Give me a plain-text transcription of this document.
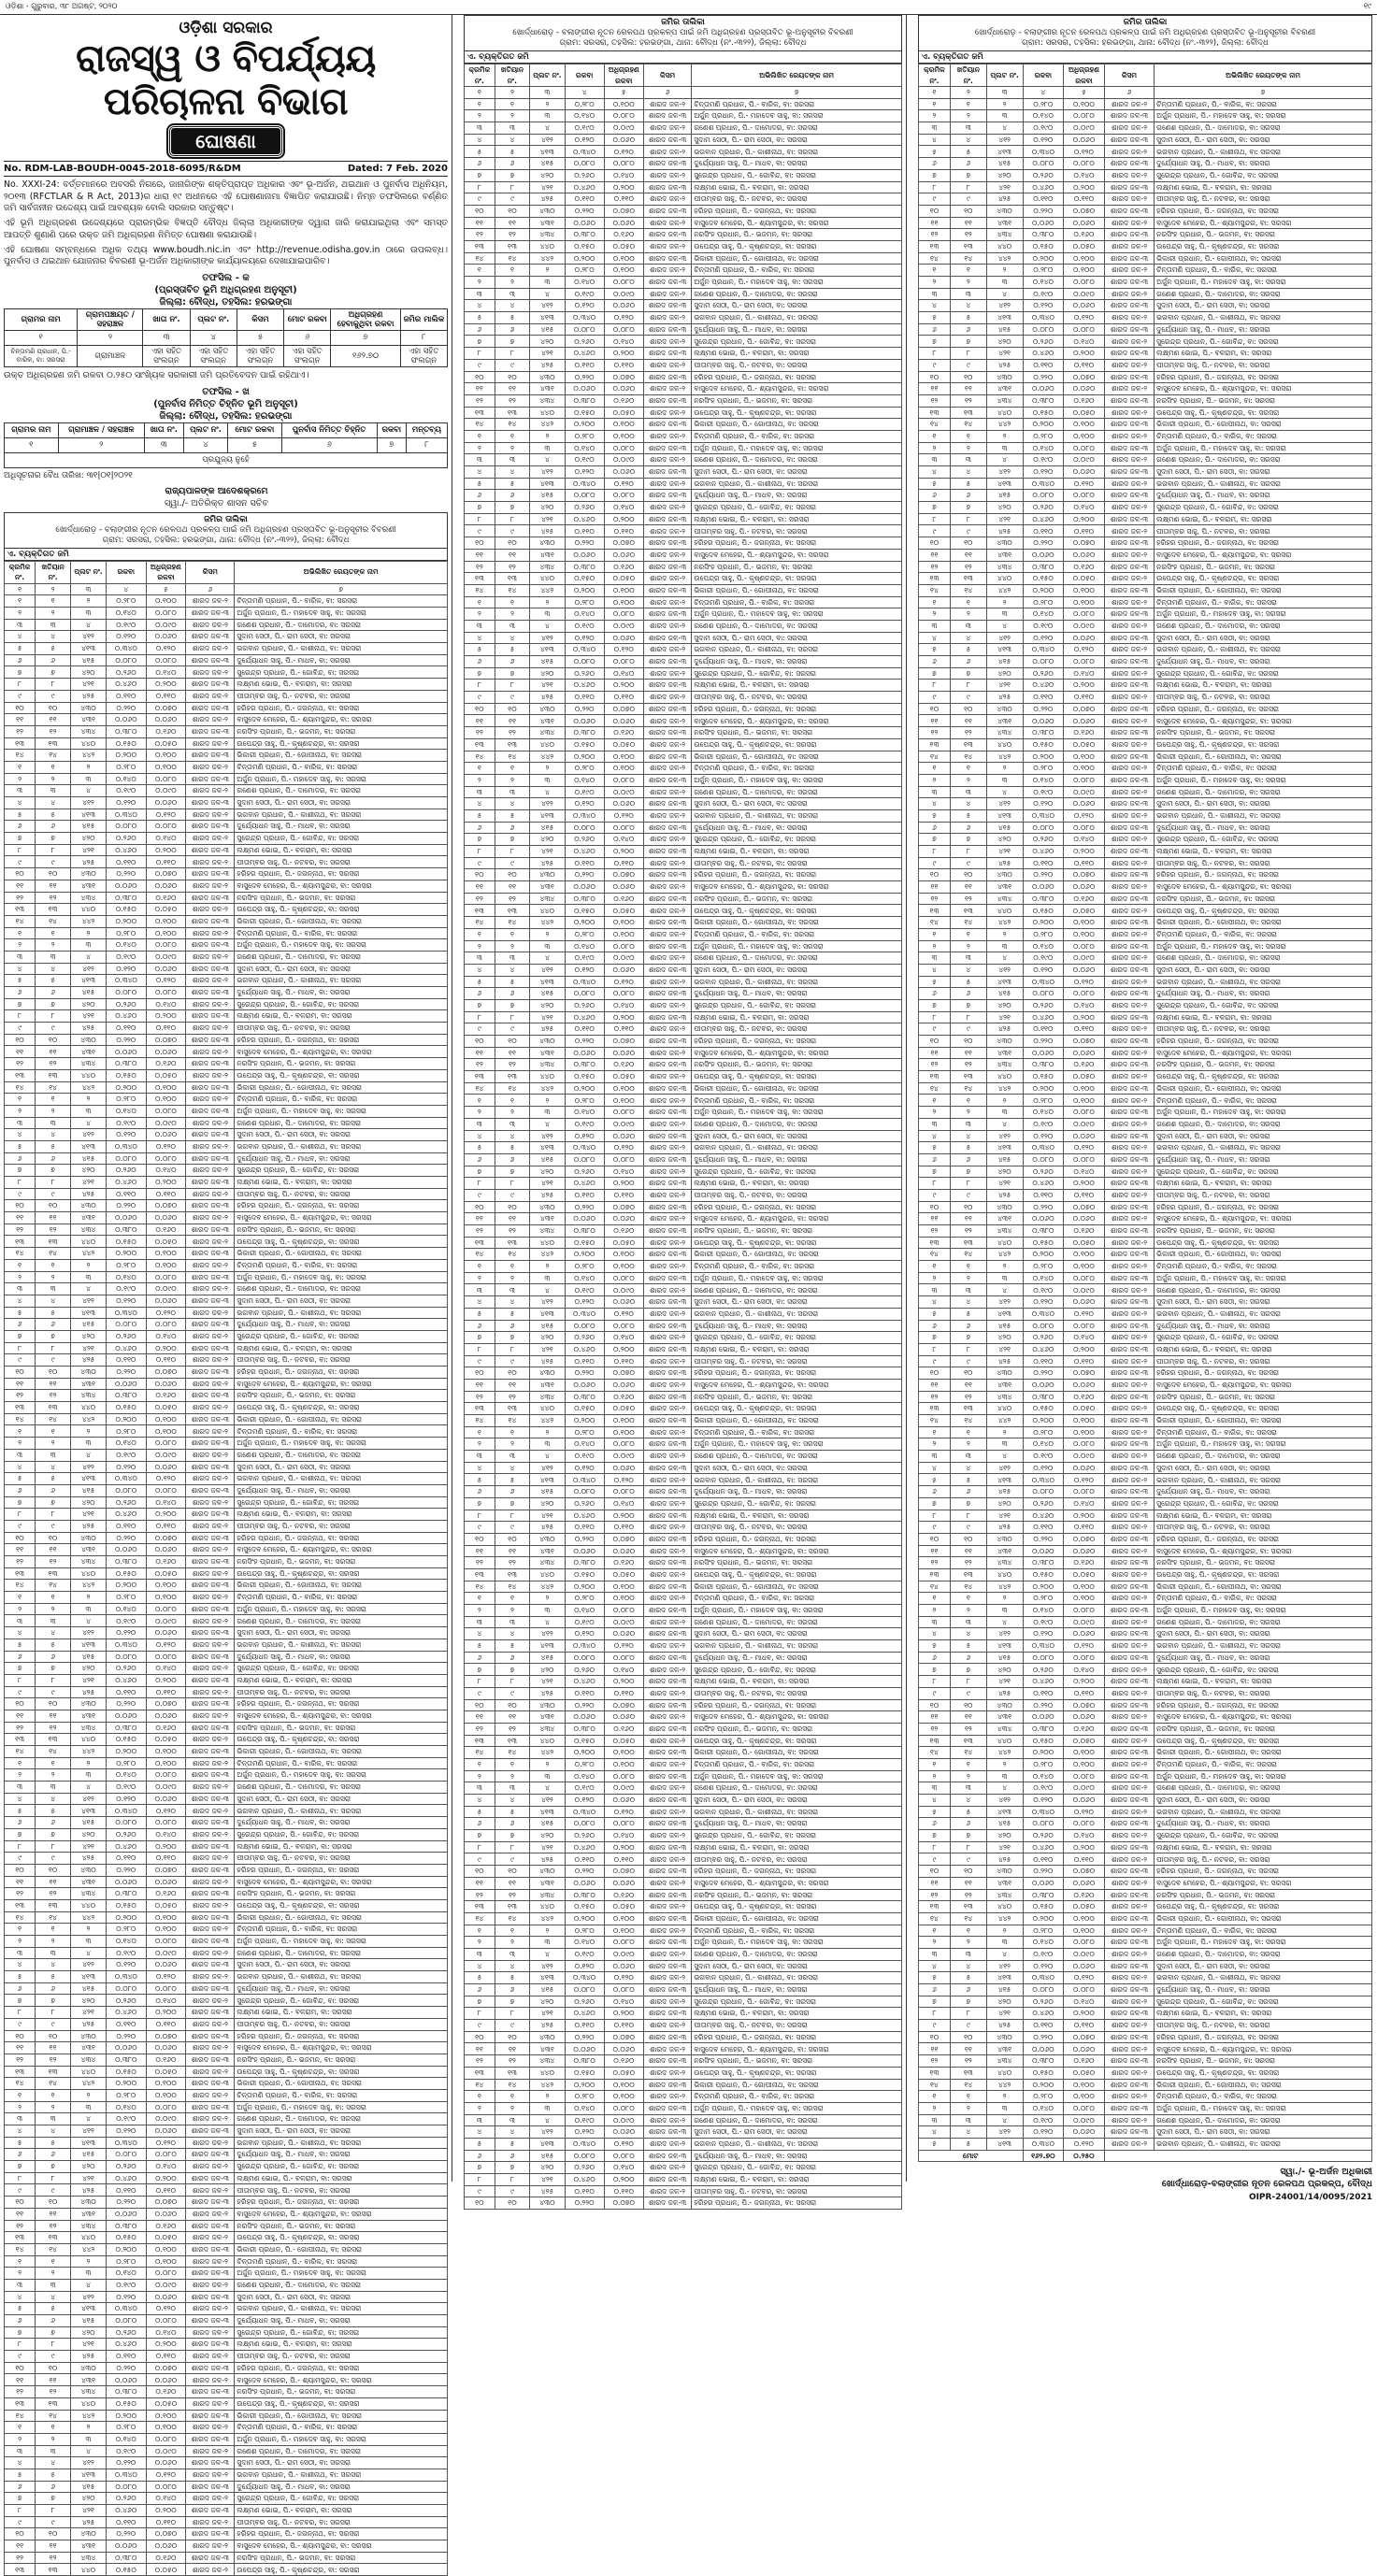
ଓଡ଼ିଶା - ଗୁରୁବାର, ୩୮ ଅଗଷ୍ଟ, ୨୦୨୦	୧୯
ଓଡ଼ିଶା ସରକାର
ରାଜସ୍ୱ ଓ ବିପର୍ଯ୍ୟୟ ପରିଚାଳନା ବିଭାଗ
ଘୋଷଣା
No. RDM-LAB-BOUDH-0045-2018-6095/R&DM	Dated: 7 Feb. 2020
No. XXXI-24: ବର୍ତ୍ତମାନରେ ଅବସରି ନିଗରେ, ଜାନାଗିଙ୍କ ଶକ୍ତିପ୍ରାପ୍ତ ଅଧିକାର ଏବଂ ଭୂ-ଅର୍ଜନ, ଥଇଥାନ ଓ ପୁନର୍ବାସ ଅଧିନିୟମ, ୨୦୧୩ (RFCTLAR & R Act, 2013)ର ଧାରା ୧୯ ଅଧୀନରେ ଏହି ଘୋଷଣାନାମା ବିଜ୍ଞାପିତ କରାଯାଉଛି। ନିମ୍ନ ତଫସିଲରେ ବର୍ଣ୍ଣିତ ଜମି ସାର୍ବଜନୀନ ଉଦ୍ଦେଶ୍ୟ ପାଇଁ ଆବଶ୍ୟକ ବୋଲି ସରକାର ସନ୍ତୁଷ୍ଟ।
ଏହି ଭୂମି ଅଧିଗ୍ରହଣ ଉଦ୍ଦେଶ୍ୟରେ ପ୍ରାରମ୍ଭିକ ବିଜ୍ଞପ୍ତି ବୌଦ୍ଧ ଜିଲ୍ଲା ଅଧିକାରୀଙ୍କ ଦ୍ୱାରା ଜାରି କରାଯାଇଥିଲା ଏବଂ ସମସ୍ତ ଆପତ୍ତି ଶୁଣାଣି ପରେ ଉକ୍ତ ଜମି ଅଧିଗ୍ରହଣ ନିମିତ୍ତ ଘୋଷଣା କରାଯାଉଛି।
ଏହି ଘୋଷଣା ସମ୍ବନ୍ଧରେ ଅଧିକ ତଥ୍ୟ www.boudh.nic.in ଏବଂ http://revenue.odisha.gov.in ଠାରେ ଉପଲବ୍ଧ। ପୁନର୍ବାସ ଓ ଥଇଥାନ ଯୋଜନାର ବିବରଣୀ ଭୂ-ଅର୍ଜନ ଅଧିକାରୀଙ୍କ କାର୍ଯ୍ୟାଳୟରେ ଦେଖାଯାଇପାରିବ।
ତଫସିଲ - କ
(ପ୍ରସ୍ତାବିତ ଭୂମି ଅଧିଗ୍ରହଣ ଅନୁସୂଚୀ)
ଜିଲ୍ଲା: ବୌଦ୍ଧ, ତହସିଲ: ହରଭଙ୍ଗା
ଗ୍ରାମର ନାମ	ଗ୍ରାମପଞ୍ଚାୟତ / ସହରାଞ୍ଚଳ	ଖାତା ନଂ.	ପ୍ଲଟ ନଂ.	କିସମ	ମୋଟ ରକବା	ଅଧିଗ୍ରହଣ ହେବାକୁଥିବା ରକବା	ଜମିର ମାଲିକ
୧	୨	୩	୪	୫	୬	୭	୮
ଚିନ୍ତାମଣି ପ୍ରଧାନ, ପି.- ବାରିକ, ବା: ସରସରା	ଗ୍ରାମାଞ୍ଚଳ	ଏହା ସହିତ ସଂଲଗ୍ନ	ଏହା ସହିତ ସଂଲଗ୍ନ	ଏହା ସହିତ ସଂଲଗ୍ନ	ଏହା ସହିତ ସଂଲଗ୍ନ	୧୬୨.୭୦	ଏହା ସହିତ ସଂଲଗ୍ନ
ଉକ୍ତ ଅଧିଗ୍ରହଣ ଜମି ରକବା ୦.୨୫୦ ସାଂଖ୍ୟିକ ସରକାରୀ ଜମି ପ୍ରତିବେଦନ ପାଇଁ ରହିଥାଏ।
ତଫସିଲ - ଖ
(ପୁନର୍ବାସ ନିମିତ୍ତ ଚିହ୍ନିତ ଭୂମି ଅନୁସୂଚୀ)
ଜିଲ୍ଲା: ବୌଦ୍ଧ, ତହସିଲ: ହରଭଙ୍ଗା
ଗ୍ରାମର ନାମ	ଗ୍ରାମାଞ୍ଚଳ / ସହରାଞ୍ଚଳ	ଖାତା ନଂ.	ପ୍ଲଟ ନଂ.	ମୋଟ ରକବା	ପୁନର୍ବାସ ନିମିତ୍ତ ଚିହ୍ନିତ	ରକବା	ମନ୍ତବ୍ୟ
୧	୨	୩	୪	୫	୬	୭	୮
ପ୍ରଯୁଜ୍ୟ ନୁହେଁ							
ଅଧିସୂଚନାର ବୈଧ ତାରିଖ: ୩୧|୦୧|୨୦୨୧
ରାଜ୍ୟପାଳଙ୍କ ଆଦେଶକ୍ରମେ
ସ୍ୱା./- ଅତିରିକ୍ତ ଶାସନ ସଚିବ
ଜମିର ତାଲିକା
ଖୋର୍ଦ୍ଧାରୋଡ଼ - ବଲାଙ୍ଗୀର ନୂତନ ରେଳପଥ ପ୍ରକଳ୍ପ ପାଇଁ ଜମି ଅଧିଗ୍ରହଣ ପ୍ରସ୍ତାବିତ ଭୂ-ଅନୁସୂଚୀର ବିବରଣୀ
ଗ୍ରାମ: ସରସରା, ତହସିଲ: ହରଭଙ୍ଗା, ଥାନା: ବୌଦ୍ଧ (ନଂ.-୩୨୨), ଜିଲ୍ଲା: ବୌଦ୍ଧ
ଏ. ବ୍ୟକ୍ତିଗତ ଜମି
କ୍ରମିକ ନଂ.	ଖତିୟାନ ନଂ.	ପ୍ଲଟ ନଂ.	ରକବା	ଅଧିଗ୍ରହଣ ରକବା	କିସମ	ଅଭିଲିଖିତ ରେୟତଙ୍କ ନାମ
୧	୨	୩	୪	୫	୬	୭
୧	୧	୨	୦.୨୮୦	୦.୧୦୦	ଶାରଦ ଜଳ-୨	ଚିନ୍ତାମଣି ପ୍ରଧାନ, ପି.- ବାରିକ, ବା: ସରସରା
୨	୨	୩	୦.୧୪୦	୦.୦୮୦	ଶାରଦ ଜଳ-୩	ଅର୍ଜୁନ ପ୍ରଧାନ, ପି.- ମହାଦେବ ସାହୁ, ବା: ସରସରା
୩	୩	୪	୦.୧୯୦	୦.୦୯୦	ଶାରଦ ଜଳ-୨	ଗଣେଶ ପ୍ରଧାନ, ପି.- ଦାମୋଦର, ବା: ସରସରା
୪	୪	୪୧୨	୦.୧୨୦	୦.୦୬୦	ଶାରଦ ଜଳ-୩	ସୁଦାମ ସେଠୀ, ପି.- ରାମ ସେଠୀ, ବା: ସରସରା
୫	୫	୪୧୩	୦.୩୪୦	୦.୧୨୦	ଶାରଦ ଜଳ-୨	ଭଗବାନ ପ୍ରଧାନ, ପି.- କାଶୀନାଥ, ବା: ସରସରା
୬	୬	୪୧୫	୦.୦୮୦	୦.୦୮୦	ଶାରଦ ଜଳ-୩	ଦୁର୍ଯ୍ୟୋଧନ ସାହୁ, ପି.- ମାଧବ, ବା: ସରସରା
୭	୭	୪୨୦	୦.୨୬୦	୦.୧୪୦	ଶାରଦ ଜଳ-୨	ସୁରେନ୍ଦ୍ର ପ୍ରଧାନ, ପି.- ଗୋବିନ୍ଦ, ବା: ସରସରା
୮	୮	୪୨୧	୦.୪୬୦	୦.୨୦୦	ଶାରଦ ଜଳ-୩	ଲକ୍ଷ୍ମଣ ଭୋଇ, ପି.- ବଳରାମ, ବା: ସରସରା
୯	୯	୪୨୫	୦.୧୧୦	୦.୧୧୦	ଶାରଦ ଜଳ-୨	ପୀତାମ୍ବର ସାହୁ, ପି.- ନଟବର, ବା: ସରସରା
୧୦	୧୦	୪୩୦	୦.୨୨୦	୦.୦୭୦	ଶାରଦ ଜଳ-୩	ହରିହର ପ୍ରଧାନ, ପି.- ଜଗନ୍ନାଥ, ବା: ସରସରା
୧୧	୧୧	୪୩୧	୦.୦୬୦	୦.୦୬୦	ଶାରଦ ଜଳ-୨	ବାସୁଦେବ ମେହେର, ପି.- ଶ୍ୟାମସୁନ୍ଦର, ବା: ସରସରା
୧୨	୧୨	୪୩୪	୦.୩୮୦	୦.୧୬୦	ଶାରଦ ଜଳ-୩	ନରସିଂହ ପ୍ରଧାନ, ପି.- ଭଜମନ, ବା: ସରସରା
୧୩	୧୩	୪୪୦	୦.୧୫୦	୦.୦୫୦	ଶାରଦ ଜଳ-୨	ଉପେନ୍ଦ୍ର ସାହୁ, ପି.- କୃଷ୍ଣଚନ୍ଦ୍ର, ବା: ସରସରା
୧୪	୧୪	୪୪୨	୦.୨୦୦	୦.୧୦୦	ଶାରଦ ଜଳ-୩	ଭିକାରୀ ପ୍ରଧାନ, ପି.- ଗୋପୀନାଥ, ବା: ସରସରା
୧	୧	୨	୦.୨୮୦	୦.୧୦୦	ଶାରଦ ଜଳ-୨	ଚିନ୍ତାମଣି ପ୍ରଧାନ, ପି.- ବାରିକ, ବା: ସରସରା
୨	୨	୩	୦.୧୪୦	୦.୦୮୦	ଶାରଦ ଜଳ-୩	ଅର୍ଜୁନ ପ୍ରଧାନ, ପି.- ମହାଦେବ ସାହୁ, ବା: ସରସରା
୩	୩	୪	୦.୧୯୦	୦.୦୯୦	ଶାରଦ ଜଳ-୨	ଗଣେଶ ପ୍ରଧାନ, ପି.- ଦାମୋଦର, ବା: ସରସରା
୪	୪	୪୧୨	୦.୧୨୦	୦.୦୬୦	ଶାରଦ ଜଳ-୩	ସୁଦାମ ସେଠୀ, ପି.- ରାମ ସେଠୀ, ବା: ସରସରା
୫	୫	୪୧୩	୦.୩୪୦	୦.୧୨୦	ଶାରଦ ଜଳ-୨	ଭଗବାନ ପ୍ରଧାନ, ପି.- କାଶୀନାଥ, ବା: ସରସରା
୬	୬	୪୧୫	୦.୦୮୦	୦.୦୮୦	ଶାରଦ ଜଳ-୩	ଦୁର୍ଯ୍ୟୋଧନ ସାହୁ, ପି.- ମାଧବ, ବା: ସରସରା
୭	୭	୪୨୦	୦.୨୬୦	୦.୧୪୦	ଶାରଦ ଜଳ-୨	ସୁରେନ୍ଦ୍ର ପ୍ରଧାନ, ପି.- ଗୋବିନ୍ଦ, ବା: ସରସରା
୮	୮	୪୨୧	୦.୪୬୦	୦.୨୦୦	ଶାରଦ ଜଳ-୩	ଲକ୍ଷ୍ମଣ ଭୋଇ, ପି.- ବଳରାମ, ବା: ସରସରା
୯	୯	୪୨୫	୦.୧୧୦	୦.୧୧୦	ଶାରଦ ଜଳ-୨	ପୀତାମ୍ବର ସାହୁ, ପି.- ନଟବର, ବା: ସରସରା
୧୦	୧୦	୪୩୦	୦.୨୨୦	୦.୦୭୦	ଶାରଦ ଜଳ-୩	ହରିହର ପ୍ରଧାନ, ପି.- ଜଗନ୍ନାଥ, ବା: ସରସରା
୧୧	୧୧	୪୩୧	୦.୦୬୦	୦.୦୬୦	ଶାରଦ ଜଳ-୨	ବାସୁଦେବ ମେହେର, ପି.- ଶ୍ୟାମସୁନ୍ଦର, ବା: ସରସରା
୧୨	୧୨	୪୩୪	୦.୩୮୦	୦.୧୬୦	ଶାରଦ ଜଳ-୩	ନରସିଂହ ପ୍ରଧାନ, ପି.- ଭଜମନ, ବା: ସରସରା
୧୩	୧୩	୪୪୦	୦.୧୫୦	୦.୦୫୦	ଶାରଦ ଜଳ-୨	ଉପେନ୍ଦ୍ର ସାହୁ, ପି.- କୃଷ୍ଣଚନ୍ଦ୍ର, ବା: ସରସରା
୧୪	୧୪	୪୪୨	୦.୨୦୦	୦.୧୦୦	ଶାରଦ ଜଳ-୩	ଭିକାରୀ ପ୍ରଧାନ, ପି.- ଗୋପୀନାଥ, ବା: ସରସରା
୧	୧	୨	୦.୨୮୦	୦.୧୦୦	ଶାରଦ ଜଳ-୨	ଚିନ୍ତାମଣି ପ୍ରଧାନ, ପି.- ବାରିକ, ବା: ସରସରା
୨	୨	୩	୦.୧୪୦	୦.୦୮୦	ଶାରଦ ଜଳ-୩	ଅର୍ଜୁନ ପ୍ରଧାନ, ପି.- ମହାଦେବ ସାହୁ, ବା: ସରସରା
୩	୩	୪	୦.୧୯୦	୦.୦୯୦	ଶାରଦ ଜଳ-୨	ଗଣେଶ ପ୍ରଧାନ, ପି.- ଦାମୋଦର, ବା: ସରସରା
୪	୪	୪୧୨	୦.୧୨୦	୦.୦୬୦	ଶାରଦ ଜଳ-୩	ସୁଦାମ ସେଠୀ, ପି.- ରାମ ସେଠୀ, ବା: ସରସରା
୫	୫	୪୧୩	୦.୩୪୦	୦.୧୨୦	ଶାରଦ ଜଳ-୨	ଭଗବାନ ପ୍ରଧାନ, ପି.- କାଶୀନାଥ, ବା: ସରସରା
୬	୬	୪୧୫	୦.୦୮୦	୦.୦୮୦	ଶାରଦ ଜଳ-୩	ଦୁର୍ଯ୍ୟୋଧନ ସାହୁ, ପି.- ମାଧବ, ବା: ସରସରା
୭	୭	୪୨୦	୦.୨୬୦	୦.୧୪୦	ଶାରଦ ଜଳ-୨	ସୁରେନ୍ଦ୍ର ପ୍ରଧାନ, ପି.- ଗୋବିନ୍ଦ, ବା: ସରସରା
୮	୮	୪୨୧	୦.୪୬୦	୦.୨୦୦	ଶାରଦ ଜଳ-୩	ଲକ୍ଷ୍ମଣ ଭୋଇ, ପି.- ବଳରାମ, ବା: ସରସରା
୯	୯	୪୨୫	୦.୧୧୦	୦.୧୧୦	ଶାରଦ ଜଳ-୨	ପୀତାମ୍ବର ସାହୁ, ପି.- ନଟବର, ବା: ସରସରା
୧୦	୧୦	୪୩୦	୦.୨୨୦	୦.୦୭୦	ଶାରଦ ଜଳ-୩	ହରିହର ପ୍ରଧାନ, ପି.- ଜଗନ୍ନାଥ, ବା: ସରସରା
୧୧	୧୧	୪୩୧	୦.୦୬୦	୦.୦୬୦	ଶାରଦ ଜଳ-୨	ବାସୁଦେବ ମେହେର, ପି.- ଶ୍ୟାମସୁନ୍ଦର, ବା: ସରସରା
୧୨	୧୨	୪୩୪	୦.୩୮୦	୦.୧୬୦	ଶାରଦ ଜଳ-୩	ନରସିଂହ ପ୍ରଧାନ, ପି.- ଭଜମନ, ବା: ସରସରା
୧୩	୧୩	୪୪୦	୦.୧୫୦	୦.୦୫୦	ଶାରଦ ଜଳ-୨	ଉପେନ୍ଦ୍ର ସାହୁ, ପି.- କୃଷ୍ଣଚନ୍ଦ୍ର, ବା: ସରସରା
୧୪	୧୪	୪୪୨	୦.୨୦୦	୦.୧୦୦	ଶାରଦ ଜଳ-୩	ଭିକାରୀ ପ୍ରଧାନ, ପି.- ଗୋପୀନାଥ, ବା: ସରସରା
୧	୧	୨	୦.୨୮୦	୦.୧୦୦	ଶାରଦ ଜଳ-୨	ଚିନ୍ତାମଣି ପ୍ରଧାନ, ପି.- ବାରିକ, ବା: ସରସରା
୨	୨	୩	୦.୧୪୦	୦.୦୮୦	ଶାରଦ ଜଳ-୩	ଅର୍ଜୁନ ପ୍ରଧାନ, ପି.- ମହାଦେବ ସାହୁ, ବା: ସରସରା
୩	୩	୪	୦.୧୯୦	୦.୦୯୦	ଶାରଦ ଜଳ-୨	ଗଣେଶ ପ୍ରଧାନ, ପି.- ଦାମୋଦର, ବା: ସରସରା
୪	୪	୪୧୨	୦.୧୨୦	୦.୦୬୦	ଶାରଦ ଜଳ-୩	ସୁଦାମ ସେଠୀ, ପି.- ରାମ ସେଠୀ, ବା: ସରସରା
୫	୫	୪୧୩	୦.୩୪୦	୦.୧୨୦	ଶାରଦ ଜଳ-୨	ଭଗବାନ ପ୍ରଧାନ, ପି.- କାଶୀନାଥ, ବା: ସରସରା
୬	୬	୪୧୫	୦.୦୮୦	୦.୦୮୦	ଶାରଦ ଜଳ-୩	ଦୁର୍ଯ୍ୟୋଧନ ସାହୁ, ପି.- ମାଧବ, ବା: ସରସରା
୭	୭	୪୨୦	୦.୨୬୦	୦.୧୪୦	ଶାରଦ ଜଳ-୨	ସୁରେନ୍ଦ୍ର ପ୍ରଧାନ, ପି.- ଗୋବିନ୍ଦ, ବା: ସରସରା
୮	୮	୪୨୧	୦.୪୬୦	୦.୨୦୦	ଶାରଦ ଜଳ-୩	ଲକ୍ଷ୍ମଣ ଭୋଇ, ପି.- ବଳରାମ, ବା: ସରସରା
୯	୯	୪୨୫	୦.୧୧୦	୦.୧୧୦	ଶାରଦ ଜଳ-୨	ପୀତାମ୍ବର ସାହୁ, ପି.- ନଟବର, ବା: ସରସରା
୧୦	୧୦	୪୩୦	୦.୨୨୦	୦.୦୭୦	ଶାରଦ ଜଳ-୩	ହରିହର ପ୍ରଧାନ, ପି.- ଜଗନ୍ନାଥ, ବା: ସରସରା
୧୧	୧୧	୪୩୧	୦.୦୬୦	୦.୦୬୦	ଶାରଦ ଜଳ-୨	ବାସୁଦେବ ମେହେର, ପି.- ଶ୍ୟାମସୁନ୍ଦର, ବା: ସରସରା
୧୨	୧୨	୪୩୪	୦.୩୮୦	୦.୧୬୦	ଶାରଦ ଜଳ-୩	ନରସିଂହ ପ୍ରଧାନ, ପି.- ଭଜମନ, ବା: ସରସରା
୧୩	୧୩	୪୪୦	୦.୧୫୦	୦.୦୫୦	ଶାରଦ ଜଳ-୨	ଉପେନ୍ଦ୍ର ସାହୁ, ପି.- କୃଷ୍ଣଚନ୍ଦ୍ର, ବା: ସରସରା
୧୪	୧୪	୪୪୨	୦.୨୦୦	୦.୧୦୦	ଶାରଦ ଜଳ-୩	ଭିକାରୀ ପ୍ରଧାନ, ପି.- ଗୋପୀନାଥ, ବା: ସରସରା
୧	୧	୨	୦.୨୮୦	୦.୧୦୦	ଶାରଦ ଜଳ-୨	ଚିନ୍ତାମଣି ପ୍ରଧାନ, ପି.- ବାରିକ, ବା: ସରସରା
୨	୨	୩	୦.୧୪୦	୦.୦୮୦	ଶାରଦ ଜଳ-୩	ଅର୍ଜୁନ ପ୍ରଧାନ, ପି.- ମହାଦେବ ସାହୁ, ବା: ସରସରା
୩	୩	୪	୦.୧୯୦	୦.୦୯୦	ଶାରଦ ଜଳ-୨	ଗଣେଶ ପ୍ରଧାନ, ପି.- ଦାମୋଦର, ବା: ସରସରା
୪	୪	୪୧୨	୦.୧୨୦	୦.୦୬୦	ଶାରଦ ଜଳ-୩	ସୁଦାମ ସେଠୀ, ପି.- ରାମ ସେଠୀ, ବା: ସରସରା
୫	୫	୪୧୩	୦.୩୪୦	୦.୧୨୦	ଶାରଦ ଜଳ-୨	ଭଗବାନ ପ୍ରଧାନ, ପି.- କାଶୀନାଥ, ବା: ସରସରା
୬	୬	୪୧୫	୦.୦୮୦	୦.୦୮୦	ଶାରଦ ଜଳ-୩	ଦୁର୍ଯ୍ୟୋଧନ ସାହୁ, ପି.- ମାଧବ, ବା: ସରସରା
୭	୭	୪୨୦	୦.୨୬୦	୦.୧୪୦	ଶାରଦ ଜଳ-୨	ସୁରେନ୍ଦ୍ର ପ୍ରଧାନ, ପି.- ଗୋବିନ୍ଦ, ବା: ସରସରା
୮	୮	୪୨୧	୦.୪୬୦	୦.୨୦୦	ଶାରଦ ଜଳ-୩	ଲକ୍ଷ୍ମଣ ଭୋଇ, ପି.- ବଳରାମ, ବା: ସରସରା
୯	୯	୪୨୫	୦.୧୧୦	୦.୧୧୦	ଶାରଦ ଜଳ-୨	ପୀତାମ୍ବର ସାହୁ, ପି.- ନଟବର, ବା: ସରସରା
୧୦	୧୦	୪୩୦	୦.୨୨୦	୦.୦୭୦	ଶାରଦ ଜଳ-୩	ହରିହର ପ୍ରଧାନ, ପି.- ଜଗନ୍ନାଥ, ବା: ସରସରା
୧୧	୧୧	୪୩୧	୦.୦୬୦	୦.୦୬୦	ଶାରଦ ଜଳ-୨	ବାସୁଦେବ ମେହେର, ପି.- ଶ୍ୟାମସୁନ୍ଦର, ବା: ସରସରା
୧୨	୧୨	୪୩୪	୦.୩୮୦	୦.୧୬୦	ଶାରଦ ଜଳ-୩	ନରସିଂହ ପ୍ରଧାନ, ପି.- ଭଜମନ, ବା: ସରସରା
୧୩	୧୩	୪୪୦	୦.୧୫୦	୦.୦୫୦	ଶାରଦ ଜଳ-୨	ଉପେନ୍ଦ୍ର ସାହୁ, ପି.- କୃଷ୍ଣଚନ୍ଦ୍ର, ବା: ସରସରା
୧୪	୧୪	୪୪୨	୦.୨୦୦	୦.୧୦୦	ଶାରଦ ଜଳ-୩	ଭିକାରୀ ପ୍ରଧାନ, ପି.- ଗୋପୀନାଥ, ବା: ସରସରା
୧	୧	୨	୦.୨୮୦	୦.୧୦୦	ଶାରଦ ଜଳ-୨	ଚିନ୍ତାମଣି ପ୍ରଧାନ, ପି.- ବାରିକ, ବା: ସରସରା
୨	୨	୩	୦.୧୪୦	୦.୦୮୦	ଶାରଦ ଜଳ-୩	ଅର୍ଜୁନ ପ୍ରଧାନ, ପି.- ମହାଦେବ ସାହୁ, ବା: ସରସରା
୩	୩	୪	୦.୧୯୦	୦.୦୯୦	ଶାରଦ ଜଳ-୨	ଗଣେଶ ପ୍ରଧାନ, ପି.- ଦାମୋଦର, ବା: ସରସରା
୪	୪	୪୧୨	୦.୧୨୦	୦.୦୬୦	ଶାରଦ ଜଳ-୩	ସୁଦାମ ସେଠୀ, ପି.- ରାମ ସେଠୀ, ବା: ସରସରା
୫	୫	୪୧୩	୦.୩୪୦	୦.୧୨୦	ଶାରଦ ଜଳ-୨	ଭଗବାନ ପ୍ରଧାନ, ପି.- କାଶୀନାଥ, ବା: ସରସରା
୬	୬	୪୧୫	୦.୦୮୦	୦.୦୮୦	ଶାରଦ ଜଳ-୩	ଦୁର୍ଯ୍ୟୋଧନ ସାହୁ, ପି.- ମାଧବ, ବା: ସରସରା
୭	୭	୪୨୦	୦.୨୬୦	୦.୧୪୦	ଶାରଦ ଜଳ-୨	ସୁରେନ୍ଦ୍ର ପ୍ରଧାନ, ପି.- ଗୋବିନ୍ଦ, ବା: ସରସରା
୮	୮	୪୨୧	୦.୪୬୦	୦.୨୦୦	ଶାରଦ ଜଳ-୩	ଲକ୍ଷ୍ମଣ ଭୋଇ, ପି.- ବଳରାମ, ବା: ସରସରା
୯	୯	୪୨୫	୦.୧୧୦	୦.୧୧୦	ଶାରଦ ଜଳ-୨	ପୀତାମ୍ବର ସାହୁ, ପି.- ନଟବର, ବା: ସରସରା
୧୦	୧୦	୪୩୦	୦.୨୨୦	୦.୦୭୦	ଶାରଦ ଜଳ-୩	ହରିହର ପ୍ରଧାନ, ପି.- ଜଗନ୍ନାଥ, ବା: ସରସରା
୧୧	୧୧	୪୩୧	୦.୦୬୦	୦.୦୬୦	ଶାରଦ ଜଳ-୨	ବାସୁଦେବ ମେହେର, ପି.- ଶ୍ୟାମସୁନ୍ଦର, ବା: ସରସରା
୧୨	୧୨	୪୩୪	୦.୩୮୦	୦.୧୬୦	ଶାରଦ ଜଳ-୩	ନରସିଂହ ପ୍ରଧାନ, ପି.- ଭଜମନ, ବା: ସରସରା
୧୩	୧୩	୪୪୦	୦.୧୫୦	୦.୦୫୦	ଶାରଦ ଜଳ-୨	ଉପେନ୍ଦ୍ର ସାହୁ, ପି.- କୃଷ୍ଣଚନ୍ଦ୍ର, ବା: ସରସରା
୧୪	୧୪	୪୪୨	୦.୨୦୦	୦.୧୦୦	ଶାରଦ ଜଳ-୩	ଭିକାରୀ ପ୍ରଧାନ, ପି.- ଗୋପୀନାଥ, ବା: ସରସରା
୧	୧	୨	୦.୨୮୦	୦.୧୦୦	ଶାରଦ ଜଳ-୨	ଚିନ୍ତାମଣି ପ୍ରଧାନ, ପି.- ବାରିକ, ବା: ସରସରା
୨	୨	୩	୦.୧୪୦	୦.୦୮୦	ଶାରଦ ଜଳ-୩	ଅର୍ଜୁନ ପ୍ରଧାନ, ପି.- ମହାଦେବ ସାହୁ, ବା: ସରସରା
୩	୩	୪	୦.୧୯୦	୦.୦୯୦	ଶାରଦ ଜଳ-୨	ଗଣେଶ ପ୍ରଧାନ, ପି.- ଦାମୋଦର, ବା: ସରସରା
୪	୪	୪୧୨	୦.୧୨୦	୦.୦୬୦	ଶାରଦ ଜଳ-୩	ସୁଦାମ ସେଠୀ, ପି.- ରାମ ସେଠୀ, ବା: ସରସରା
୫	୫	୪୧୩	୦.୩୪୦	୦.୧୨୦	ଶାରଦ ଜଳ-୨	ଭଗବାନ ପ୍ରଧାନ, ପି.- କାଶୀନାଥ, ବା: ସରସରା
୬	୬	୪୧୫	୦.୦୮୦	୦.୦୮୦	ଶାରଦ ଜଳ-୩	ଦୁର୍ଯ୍ୟୋଧନ ସାହୁ, ପି.- ମାଧବ, ବା: ସରସରା
୭	୭	୪୨୦	୦.୨୬୦	୦.୧୪୦	ଶାରଦ ଜଳ-୨	ସୁରେନ୍ଦ୍ର ପ୍ରଧାନ, ପି.- ଗୋବିନ୍ଦ, ବା: ସରସରା
୮	୮	୪୨୧	୦.୪୬୦	୦.୨୦୦	ଶାରଦ ଜଳ-୩	ଲକ୍ଷ୍ମଣ ଭୋଇ, ପି.- ବଳରାମ, ବା: ସରସରା
୯	୯	୪୨୫	୦.୧୧୦	୦.୧୧୦	ଶାରଦ ଜଳ-୨	ପୀତାମ୍ବର ସାହୁ, ପି.- ନଟବର, ବା: ସରସରା
୧୦	୧୦	୪୩୦	୦.୨୨୦	୦.୦୭୦	ଶାରଦ ଜଳ-୩	ହରିହର ପ୍ରଧାନ, ପି.- ଜଗନ୍ନାଥ, ବା: ସରସରା
୧୧	୧୧	୪୩୧	୦.୦୬୦	୦.୦୬୦	ଶାରଦ ଜଳ-୨	ବାସୁଦେବ ମେହେର, ପି.- ଶ୍ୟାମସୁନ୍ଦର, ବା: ସରସରା
୧୨	୧୨	୪୩୪	୦.୩୮୦	୦.୧୬୦	ଶାରଦ ଜଳ-୩	ନରସିଂହ ପ୍ରଧାନ, ପି.- ଭଜମନ, ବା: ସରସରା
୧୩	୧୩	୪୪୦	୦.୧୫୦	୦.୦୫୦	ଶାରଦ ଜଳ-୨	ଉପେନ୍ଦ୍ର ସାହୁ, ପି.- କୃଷ୍ଣଚନ୍ଦ୍ର, ବା: ସରସରା
୧୪	୧୪	୪୪୨	୦.୨୦୦	୦.୧୦୦	ଶାରଦ ଜଳ-୩	ଭିକାରୀ ପ୍ରଧାନ, ପି.- ଗୋପୀନାଥ, ବା: ସରସରା
୧	୧	୨	୦.୨୮୦	୦.୧୦୦	ଶାରଦ ଜଳ-୨	ଚିନ୍ତାମଣି ପ୍ରଧାନ, ପି.- ବାରିକ, ବା: ସରସରା
୨	୨	୩	୦.୧୪୦	୦.୦୮୦	ଶାରଦ ଜଳ-୩	ଅର୍ଜୁନ ପ୍ରଧାନ, ପି.- ମହାଦେବ ସାହୁ, ବା: ସରସରା
୩	୩	୪	୦.୧୯୦	୦.୦୯୦	ଶାରଦ ଜଳ-୨	ଗଣେଶ ପ୍ରଧାନ, ପି.- ଦାମୋଦର, ବା: ସରସରା
୪	୪	୪୧୨	୦.୧୨୦	୦.୦୬୦	ଶାରଦ ଜଳ-୩	ସୁଦାମ ସେଠୀ, ପି.- ରାମ ସେଠୀ, ବା: ସରସରା
୫	୫	୪୧୩	୦.୩୪୦	୦.୧୨୦	ଶାରଦ ଜଳ-୨	ଭଗବାନ ପ୍ରଧାନ, ପି.- କାଶୀନାଥ, ବା: ସରସରା
୬	୬	୪୧୫	୦.୦୮୦	୦.୦୮୦	ଶାରଦ ଜଳ-୩	ଦୁର୍ଯ୍ୟୋଧନ ସାହୁ, ପି.- ମାଧବ, ବା: ସରସରା
୭	୭	୪୨୦	୦.୨୬୦	୦.୧୪୦	ଶାରଦ ଜଳ-୨	ସୁରେନ୍ଦ୍ର ପ୍ରଧାନ, ପି.- ଗୋବିନ୍ଦ, ବା: ସରସରା
୮	୮	୪୨୧	୦.୪୬୦	୦.୨୦୦	ଶାରଦ ଜଳ-୩	ଲକ୍ଷ୍ମଣ ଭୋଇ, ପି.- ବଳରାମ, ବା: ସରସରା
୯	୯	୪୨୫	୦.୧୧୦	୦.୧୧୦	ଶାରଦ ଜଳ-୨	ପୀତାମ୍ବର ସାହୁ, ପି.- ନଟବର, ବା: ସରସରା
୧୦	୧୦	୪୩୦	୦.୨୨୦	୦.୦୭୦	ଶାରଦ ଜଳ-୩	ହରିହର ପ୍ରଧାନ, ପି.- ଜଗନ୍ନାଥ, ବା: ସରସରା
୧୧	୧୧	୪୩୧	୦.୦୬୦	୦.୦୬୦	ଶାରଦ ଜଳ-୨	ବାସୁଦେବ ମେହେର, ପି.- ଶ୍ୟାମସୁନ୍ଦର, ବା: ସରସରା
୧୨	୧୨	୪୩୪	୦.୩୮୦	୦.୧୬୦	ଶାରଦ ଜଳ-୩	ନରସିଂହ ପ୍ରଧାନ, ପି.- ଭଜମନ, ବା: ସରସରା
୧୩	୧୩	୪୪୦	୦.୧୫୦	୦.୦୫୦	ଶାରଦ ଜଳ-୨	ଉପେନ୍ଦ୍ର ସାହୁ, ପି.- କୃଷ୍ଣଚନ୍ଦ୍ର, ବା: ସରସରା
୧୪	୧୪	୪୪୨	୦.୨୦୦	୦.୧୦୦	ଶାରଦ ଜଳ-୩	ଭିକାରୀ ପ୍ରଧାନ, ପି.- ଗୋପୀନାଥ, ବା: ସରସରା
୧	୧	୨	୦.୨୮୦	୦.୧୦୦	ଶାରଦ ଜଳ-୨	ଚିନ୍ତାମଣି ପ୍ରଧାନ, ପି.- ବାରିକ, ବା: ସରସରା
୨	୨	୩	୦.୧୪୦	୦.୦୮୦	ଶାରଦ ଜଳ-୩	ଅର୍ଜୁନ ପ୍ରଧାନ, ପି.- ମହାଦେବ ସାହୁ, ବା: ସରସରା
୩	୩	୪	୦.୧୯୦	୦.୦୯୦	ଶାରଦ ଜଳ-୨	ଗଣେଶ ପ୍ରଧାନ, ପି.- ଦାମୋଦର, ବା: ସରସରା
୪	୪	୪୧୨	୦.୧୨୦	୦.୦୬୦	ଶାରଦ ଜଳ-୩	ସୁଦାମ ସେଠୀ, ପି.- ରାମ ସେଠୀ, ବା: ସରସରା
୫	୫	୪୧୩	୦.୩୪୦	୦.୧୨୦	ଶାରଦ ଜଳ-୨	ଭଗବାନ ପ୍ରଧାନ, ପି.- କାଶୀନାଥ, ବା: ସରସରା
୬	୬	୪୧୫	୦.୦୮୦	୦.୦୮୦	ଶାରଦ ଜଳ-୩	ଦୁର୍ଯ୍ୟୋଧନ ସାହୁ, ପି.- ମାଧବ, ବା: ସରସରା
୭	୭	୪୨୦	୦.୨୬୦	୦.୧୪୦	ଶାରଦ ଜଳ-୨	ସୁରେନ୍ଦ୍ର ପ୍ରଧାନ, ପି.- ଗୋବିନ୍ଦ, ବା: ସରସରା
୮	୮	୪୨୧	୦.୪୬୦	୦.୨୦୦	ଶାରଦ ଜଳ-୩	ଲକ୍ଷ୍ମଣ ଭୋଇ, ପି.- ବଳରାମ, ବା: ସରସରା
୯	୯	୪୨୫	୦.୧୧୦	୦.୧୧୦	ଶାରଦ ଜଳ-୨	ପୀତାମ୍ବର ସାହୁ, ପି.- ନଟବର, ବା: ସରସରା
୧୦	୧୦	୪୩୦	୦.୨୨୦	୦.୦୭୦	ଶାରଦ ଜଳ-୩	ହରିହର ପ୍ରଧାନ, ପି.- ଜଗନ୍ନାଥ, ବା: ସରସରା
୧୧	୧୧	୪୩୧	୦.୦୬୦	୦.୦୬୦	ଶାରଦ ଜଳ-୨	ବାସୁଦେବ ମେହେର, ପି.- ଶ୍ୟାମସୁନ୍ଦର, ବା: ସରସରା
୧୨	୧୨	୪୩୪	୦.୩୮୦	୦.୧୬୦	ଶାରଦ ଜଳ-୩	ନରସିଂହ ପ୍ରଧାନ, ପି.- ଭଜମନ, ବା: ସରସରା
୧୩	୧୩	୪୪୦	୦.୧୫୦	୦.୦୫୦	ଶାରଦ ଜଳ-୨	ଉପେନ୍ଦ୍ର ସାହୁ, ପି.- କୃଷ୍ଣଚନ୍ଦ୍ର, ବା: ସରସରା
୧୪	୧୪	୪୪୨	୦.୨୦୦	୦.୧୦୦	ଶାରଦ ଜଳ-୩	ଭିକାରୀ ପ୍ରଧାନ, ପି.- ଗୋପୀନାଥ, ବା: ସରସରା
୧	୧	୨	୦.୨୮୦	୦.୧୦୦	ଶାରଦ ଜଳ-୨	ଚିନ୍ତାମଣି ପ୍ରଧାନ, ପି.- ବାରିକ, ବା: ସରସରା
୨	୨	୩	୦.୧୪୦	୦.୦୮୦	ଶାରଦ ଜଳ-୩	ଅର୍ଜୁନ ପ୍ରଧାନ, ପି.- ମହାଦେବ ସାହୁ, ବା: ସରସରା
୩	୩	୪	୦.୧୯୦	୦.୦୯୦	ଶାରଦ ଜଳ-୨	ଗଣେଶ ପ୍ରଧାନ, ପି.- ଦାମୋଦର, ବା: ସରସରା
୪	୪	୪୧୨	୦.୧୨୦	୦.୦୬୦	ଶାରଦ ଜଳ-୩	ସୁଦାମ ସେଠୀ, ପି.- ରାମ ସେଠୀ, ବା: ସରସରା
୫	୫	୪୧୩	୦.୩୪୦	୦.୧୨୦	ଶାରଦ ଜଳ-୨	ଭଗବାନ ପ୍ରଧାନ, ପି.- କାଶୀନାଥ, ବା: ସରସରା
୬	୬	୪୧୫	୦.୦୮୦	୦.୦୮୦	ଶାରଦ ଜଳ-୩	ଦୁର୍ଯ୍ୟୋଧନ ସାହୁ, ପି.- ମାଧବ, ବା: ସରସରା
୭	୭	୪୨୦	୦.୨୬୦	୦.୧୪୦	ଶାରଦ ଜଳ-୨	ସୁରେନ୍ଦ୍ର ପ୍ରଧାନ, ପି.- ଗୋବିନ୍ଦ, ବା: ସରସରା
୮	୮	୪୨୧	୦.୪୬୦	୦.୨୦୦	ଶାରଦ ଜଳ-୩	ଲକ୍ଷ୍ମଣ ଭୋଇ, ପି.- ବଳରାମ, ବା: ସରସରା
୯	୯	୪୨୫	୦.୧୧୦	୦.୧୧୦	ଶାରଦ ଜଳ-୨	ପୀତାମ୍ବର ସାହୁ, ପି.- ନଟବର, ବା: ସରସରା
୧୦	୧୦	୪୩୦	୦.୨୨୦	୦.୦୭୦	ଶାରଦ ଜଳ-୩	ହରିହର ପ୍ରଧାନ, ପି.- ଜଗନ୍ନାଥ, ବା: ସରସରା
୧୧	୧୧	୪୩୧	୦.୦୬୦	୦.୦୬୦	ଶାରଦ ଜଳ-୨	ବାସୁଦେବ ମେହେର, ପି.- ଶ୍ୟାମସୁନ୍ଦର, ବା: ସରସରା
୧୨	୧୨	୪୩୪	୦.୩୮୦	୦.୧୬୦	ଶାରଦ ଜଳ-୩	ନରସିଂହ ପ୍ରଧାନ, ପି.- ଭଜମନ, ବା: ସରସରା
୧୩	୧୩	୪୪୦	୦.୧୫୦	୦.୦୫୦	ଶାରଦ ଜଳ-୨	ଉପେନ୍ଦ୍ର ସାହୁ, ପି.- କୃଷ୍ଣଚନ୍ଦ୍ର, ବା: ସରସରା
୧୪	୧୪	୪୪୨	୦.୨୦୦	୦.୧୦୦	ଶାରଦ ଜଳ-୩	ଭିକାରୀ ପ୍ରଧାନ, ପି.- ଗୋପୀନାଥ, ବା: ସରସରା
୧	୧	୨	୦.୨୮୦	୦.୧୦୦	ଶାରଦ ଜଳ-୨	ଚିନ୍ତାମଣି ପ୍ରଧାନ, ପି.- ବାରିକ, ବା: ସରସରା
୨	୨	୩	୦.୧୪୦	୦.୦୮୦	ଶାରଦ ଜଳ-୩	ଅର୍ଜୁନ ପ୍ରଧାନ, ପି.- ମହାଦେବ ସାହୁ, ବା: ସରସରା
୩	୩	୪	୦.୧୯୦	୦.୦୯୦	ଶାରଦ ଜଳ-୨	ଗଣେଶ ପ୍ରଧାନ, ପି.- ଦାମୋଦର, ବା: ସରସରା
୪	୪	୪୧୨	୦.୧୨୦	୦.୦୬୦	ଶାରଦ ଜଳ-୩	ସୁଦାମ ସେଠୀ, ପି.- ରାମ ସେଠୀ, ବା: ସରସରା
୫	୫	୪୧୩	୦.୩୪୦	୦.୧୨୦	ଶାରଦ ଜଳ-୨	ଭଗବାନ ପ୍ରଧାନ, ପି.- କାଶୀନାଥ, ବା: ସରସରା
୬	୬	୪୧୫	୦.୦୮୦	୦.୦୮୦	ଶାରଦ ଜଳ-୩	ଦୁର୍ଯ୍ୟୋଧନ ସାହୁ, ପି.- ମାଧବ, ବା: ସରସରା
୭	୭	୪୨୦	୦.୨୬୦	୦.୧୪୦	ଶାରଦ ଜଳ-୨	ସୁରେନ୍ଦ୍ର ପ୍ରଧାନ, ପି.- ଗୋବିନ୍ଦ, ବା: ସରସରା
୮	୮	୪୨୧	୦.୪୬୦	୦.୨୦୦	ଶାରଦ ଜଳ-୩	ଲକ୍ଷ୍ମଣ ଭୋଇ, ପି.- ବଳରାମ, ବା: ସରସରା
୯	୯	୪୨୫	୦.୧୧୦	୦.୧୧୦	ଶାରଦ ଜଳ-୨	ପୀତାମ୍ବର ସାହୁ, ପି.- ନଟବର, ବା: ସରସରା
୧୦	୧୦	୪୩୦	୦.୨୨୦	୦.୦୭୦	ଶାରଦ ଜଳ-୩	ହରିହର ପ୍ରଧାନ, ପି.- ଜଗନ୍ନାଥ, ବା: ସରସରା
୧୧	୧୧	୪୩୧	୦.୦୬୦	୦.୦୬୦	ଶାରଦ ଜଳ-୨	ବାସୁଦେବ ମେହେର, ପି.- ଶ୍ୟାମସୁନ୍ଦର, ବା: ସରସରା
୧୨	୧୨	୪୩୪	୦.୩୮୦	୦.୧୬୦	ଶାରଦ ଜଳ-୩	ନରସିଂହ ପ୍ରଧାନ, ପି.- ଭଜମନ, ବା: ସରସରା
୧୩	୧୩	୪୪୦	୦.୧୫୦	୦.୦୫୦	ଶାରଦ ଜଳ-୨	ଉପେନ୍ଦ୍ର ସାହୁ, ପି.- କୃଷ୍ଣଚନ୍ଦ୍ର, ବା: ସରସରା
୧୪	୧୪	୪୪୨	୦.୨୦୦	୦.୧୦୦	ଶାରଦ ଜଳ-୩	ଭିକାରୀ ପ୍ରଧାନ, ପି.- ଗୋପୀନାଥ, ବା: ସରସରା
୧	୧	୨	୦.୨୮୦	୦.୧୦୦	ଶାରଦ ଜଳ-୨	ଚିନ୍ତାମଣି ପ୍ରଧାନ, ପି.- ବାରିକ, ବା: ସରସରା
୨	୨	୩	୦.୧୪୦	୦.୦୮୦	ଶାରଦ ଜଳ-୩	ଅର୍ଜୁନ ପ୍ରଧାନ, ପି.- ମହାଦେବ ସାହୁ, ବା: ସରସରା
୩	୩	୪	୦.୧୯୦	୦.୦୯୦	ଶାରଦ ଜଳ-୨	ଗଣେଶ ପ୍ରଧାନ, ପି.- ଦାମୋଦର, ବା: ସରସରା
୪	୪	୪୧୨	୦.୧୨୦	୦.୦୬୦	ଶାରଦ ଜଳ-୩	ସୁଦାମ ସେଠୀ, ପି.- ରାମ ସେଠୀ, ବା: ସରସରା
୫	୫	୪୧୩	୦.୩୪୦	୦.୧୨୦	ଶାରଦ ଜଳ-୨	ଭଗବାନ ପ୍ରଧାନ, ପି.- କାଶୀନାଥ, ବା: ସରସରା
୬	୬	୪୧୫	୦.୦୮୦	୦.୦୮୦	ଶାରଦ ଜଳ-୩	ଦୁର୍ଯ୍ୟୋଧନ ସାହୁ, ପି.- ମାଧବ, ବା: ସରସରା
୭	୭	୪୨୦	୦.୨୬୦	୦.୧୪୦	ଶାରଦ ଜଳ-୨	ସୁରେନ୍ଦ୍ର ପ୍ରଧାନ, ପି.- ଗୋବିନ୍ଦ, ବା: ସରସରା
୮	୮	୪୨୧	୦.୪୬୦	୦.୨୦୦	ଶାରଦ ଜଳ-୩	ଲକ୍ଷ୍ମଣ ଭୋଇ, ପି.- ବଳରାମ, ବା: ସରସରା
୯	୯	୪୨୫	୦.୧୧୦	୦.୧୧୦	ଶାରଦ ଜଳ-୨	ପୀତାମ୍ବର ସାହୁ, ପି.- ନଟବର, ବା: ସରସରା
୧୦	୧୦	୪୩୦	୦.୨୨୦	୦.୦୭୦	ଶାରଦ ଜଳ-୩	ହରିହର ପ୍ରଧାନ, ପି.- ଜଗନ୍ନାଥ, ବା: ସରସରା
୧୧	୧୧	୪୩୧	୦.୦୬୦	୦.୦୬୦	ଶାରଦ ଜଳ-୨	ବାସୁଦେବ ମେହେର, ପି.- ଶ୍ୟାମସୁନ୍ଦର, ବା: ସରସରା
୧୨	୧୨	୪୩୪	୦.୩୮୦	୦.୧୬୦	ଶାରଦ ଜଳ-୩	ନରସିଂହ ପ୍ରଧାନ, ପି.- ଭଜମନ, ବା: ସରସରା
୧୩	୧୩	୪୪୦	୦.୧୫୦	୦.୦୫୦	ଶାରଦ ଜଳ-୨	ଉପେନ୍ଦ୍ର ସାହୁ, ପି.- କୃଷ୍ଣଚନ୍ଦ୍ର, ବା: ସରସରା
ଜମିର ତାଲିକା
ଖୋର୍ଦ୍ଧାରୋଡ଼ - ବଲାଙ୍ଗୀର ନୂତନ ରେଳପଥ ପ୍ରକଳ୍ପ ପାଇଁ ଜମି ଅଧିଗ୍ରହଣ ପ୍ରସ୍ତାବିତ ଭୂ-ଅନୁସୂଚୀର ବିବରଣୀ
ଗ୍ରାମ: ସରସରା, ତହସିଲ: ହରଭଙ୍ଗା, ଥାନା: ବୌଦ୍ଧ (ନଂ.-୩୨୨), ଜିଲ୍ଲା: ବୌଦ୍ଧ
ଏ. ବ୍ୟକ୍ତିଗତ ଜମି
କ୍ରମିକ ନଂ.	ଖତିୟାନ ନଂ.	ପ୍ଲଟ ନଂ.	ରକବା	ଅଧିଗ୍ରହଣ ରକବା	କିସମ	ଅଭିଲିଖିତ ରେୟତଙ୍କ ନାମ
୧	୨	୩	୪	୫	୬	୭
୧	୧	୨	୦.୨୮୦	୦.୧୦୦	ଶାରଦ ଜଳ-୨	ଚିନ୍ତାମଣି ପ୍ରଧାନ, ପି.- ବାରିକ, ବା: ସରସରା
୨	୨	୩	୦.୧୪୦	୦.୦୮୦	ଶାରଦ ଜଳ-୩	ଅର୍ଜୁନ ପ୍ରଧାନ, ପି.- ମହାଦେବ ସାହୁ, ବା: ସରସରା
୩	୩	୪	୦.୧୯୦	୦.୦୯୦	ଶାରଦ ଜଳ-୨	ଗଣେଶ ପ୍ରଧାନ, ପି.- ଦାମୋଦର, ବା: ସରସରା
୪	୪	୪୧୨	୦.୧୨୦	୦.୦୬୦	ଶାରଦ ଜଳ-୩	ସୁଦାମ ସେଠୀ, ପି.- ରାମ ସେଠୀ, ବା: ସରସରା
୫	୫	୪୧୩	୦.୩୪୦	୦.୧୨୦	ଶାରଦ ଜଳ-୨	ଭଗବାନ ପ୍ରଧାନ, ପି.- କାଶୀନାଥ, ବା: ସରସରା
୬	୬	୪୧୫	୦.୦୮୦	୦.୦୮୦	ଶାରଦ ଜଳ-୩	ଦୁର୍ଯ୍ୟୋଧନ ସାହୁ, ପି.- ମାଧବ, ବା: ସରସରା
୭	୭	୪୨୦	୦.୨୬୦	୦.୧୪୦	ଶାରଦ ଜଳ-୨	ସୁରେନ୍ଦ୍ର ପ୍ରଧାନ, ପି.- ଗୋବିନ୍ଦ, ବା: ସରସରା
୮	୮	୪୨୧	୦.୪୬୦	୦.୨୦୦	ଶାରଦ ଜଳ-୩	ଲକ୍ଷ୍ମଣ ଭୋଇ, ପି.- ବଳରାମ, ବା: ସରସରା
୯	୯	୪୨୫	୦.୧୧୦	୦.୧୧୦	ଶାରଦ ଜଳ-୨	ପୀତାମ୍ବର ସାହୁ, ପି.- ନଟବର, ବା: ସରସରା
୧୦	୧୦	୪୩୦	୦.୨୨୦	୦.୦୭୦	ଶାରଦ ଜଳ-୩	ହରିହର ପ୍ରଧାନ, ପି.- ଜଗନ୍ନାଥ, ବା: ସରସରା
୧୧	୧୧	୪୩୧	୦.୦୬୦	୦.୦୬୦	ଶାରଦ ଜଳ-୨	ବାସୁଦେବ ମେହେର, ପି.- ଶ୍ୟାମସୁନ୍ଦର, ବା: ସରସରା
୧୨	୧୨	୪୩୪	୦.୩୮୦	୦.୧୬୦	ଶାରଦ ଜଳ-୩	ନରସିଂହ ପ୍ରଧାନ, ପି.- ଭଜମନ, ବା: ସରସରା
୧୩	୧୩	୪୪୦	୦.୧୫୦	୦.୦୫୦	ଶାରଦ ଜଳ-୨	ଉପେନ୍ଦ୍ର ସାହୁ, ପି.- କୃଷ୍ଣଚନ୍ଦ୍ର, ବା: ସରସରା
୧୪	୧୪	୪୪୨	୦.୨୦୦	୦.୧୦୦	ଶାରଦ ଜଳ-୩	ଭିକାରୀ ପ୍ରଧାନ, ପି.- ଗୋପୀନାଥ, ବା: ସରସରା
୧	୧	୨	୦.୨୮୦	୦.୧୦୦	ଶାରଦ ଜଳ-୨	ଚିନ୍ତାମଣି ପ୍ରଧାନ, ପି.- ବାରିକ, ବା: ସରସରା
୨	୨	୩	୦.୧୪୦	୦.୦୮୦	ଶାରଦ ଜଳ-୩	ଅର୍ଜୁନ ପ୍ରଧାନ, ପି.- ମହାଦେବ ସାହୁ, ବା: ସରସରା
୩	୩	୪	୦.୧୯୦	୦.୦୯୦	ଶାରଦ ଜଳ-୨	ଗଣେଶ ପ୍ରଧାନ, ପି.- ଦାମୋଦର, ବା: ସରସରା
୪	୪	୪୧୨	୦.୧୨୦	୦.୦୬୦	ଶାରଦ ଜଳ-୩	ସୁଦାମ ସେଠୀ, ପି.- ରାମ ସେଠୀ, ବା: ସରସରା
୫	୫	୪୧୩	୦.୩୪୦	୦.୧୨୦	ଶାରଦ ଜଳ-୨	ଭଗବାନ ପ୍ରଧାନ, ପି.- କାଶୀନାଥ, ବା: ସରସରା
୬	୬	୪୧୫	୦.୦୮୦	୦.୦୮୦	ଶାରଦ ଜଳ-୩	ଦୁର୍ଯ୍ୟୋଧନ ସାହୁ, ପି.- ମାଧବ, ବା: ସରସରା
୭	୭	୪୨୦	୦.୨୬୦	୦.୧୪୦	ଶାରଦ ଜଳ-୨	ସୁରେନ୍ଦ୍ର ପ୍ରଧାନ, ପି.- ଗୋବିନ୍ଦ, ବା: ସରସରା
୮	୮	୪୨୧	୦.୪୬୦	୦.୨୦୦	ଶାରଦ ଜଳ-୩	ଲକ୍ଷ୍ମଣ ଭୋଇ, ପି.- ବଳରାମ, ବା: ସରସରା
୯	୯	୪୨୫	୦.୧୧୦	୦.୧୧୦	ଶାରଦ ଜଳ-୨	ପୀତାମ୍ବର ସାହୁ, ପି.- ନଟବର, ବା: ସରସରା
୧୦	୧୦	୪୩୦	୦.୨୨୦	୦.୦୭୦	ଶାରଦ ଜଳ-୩	ହରିହର ପ୍ରଧାନ, ପି.- ଜଗନ୍ନାଥ, ବା: ସରସରା
୧୧	୧୧	୪୩୧	୦.୦୬୦	୦.୦୬୦	ଶାରଦ ଜଳ-୨	ବାସୁଦେବ ମେହେର, ପି.- ଶ୍ୟାମସୁନ୍ଦର, ବା: ସରସରା
୧୨	୧୨	୪୩୪	୦.୩୮୦	୦.୧୬୦	ଶାରଦ ଜଳ-୩	ନରସିଂହ ପ୍ରଧାନ, ପି.- ଭଜମନ, ବା: ସରସରା
୧୩	୧୩	୪୪୦	୦.୧୫୦	୦.୦୫୦	ଶାରଦ ଜଳ-୨	ଉପେନ୍ଦ୍ର ସାହୁ, ପି.- କୃଷ୍ଣଚନ୍ଦ୍ର, ବା: ସରସରା
୧୪	୧୪	୪୪୨	୦.୨୦୦	୦.୧୦୦	ଶାରଦ ଜଳ-୩	ଭିକାରୀ ପ୍ରଧାନ, ପି.- ଗୋପୀନାଥ, ବା: ସରସରା
୧	୧	୨	୦.୨୮୦	୦.୧୦୦	ଶାରଦ ଜଳ-୨	ଚିନ୍ତାମଣି ପ୍ରଧାନ, ପି.- ବାରିକ, ବା: ସରସରା
୨	୨	୩	୦.୧୪୦	୦.୦୮୦	ଶାରଦ ଜଳ-୩	ଅର୍ଜୁନ ପ୍ରଧାନ, ପି.- ମହାଦେବ ସାହୁ, ବା: ସରସରା
୩	୩	୪	୦.୧୯୦	୦.୦୯୦	ଶାରଦ ଜଳ-୨	ଗଣେଶ ପ୍ରଧାନ, ପି.- ଦାମୋଦର, ବା: ସରସରା
୪	୪	୪୧୨	୦.୧୨୦	୦.୦୬୦	ଶାରଦ ଜଳ-୩	ସୁଦାମ ସେଠୀ, ପି.- ରାମ ସେଠୀ, ବା: ସରସରା
୫	୫	୪୧୩	୦.୩୪୦	୦.୧୨୦	ଶାରଦ ଜଳ-୨	ଭଗବାନ ପ୍ରଧାନ, ପି.- କାଶୀନାଥ, ବା: ସରସରା
୬	୬	୪୧୫	୦.୦୮୦	୦.୦୮୦	ଶାରଦ ଜଳ-୩	ଦୁର୍ଯ୍ୟୋଧନ ସାହୁ, ପି.- ମାଧବ, ବା: ସରସରା
୭	୭	୪୨୦	୦.୨୬୦	୦.୧୪୦	ଶାରଦ ଜଳ-୨	ସୁରେନ୍ଦ୍ର ପ୍ରଧାନ, ପି.- ଗୋବିନ୍ଦ, ବା: ସରସରା
୮	୮	୪୨୧	୦.୪୬୦	୦.୨୦୦	ଶାରଦ ଜଳ-୩	ଲକ୍ଷ୍ମଣ ଭୋଇ, ପି.- ବଳରାମ, ବା: ସରସରା
୯	୯	୪୨୫	୦.୧୧୦	୦.୧୧୦	ଶାରଦ ଜଳ-୨	ପୀତାମ୍ବର ସାହୁ, ପି.- ନଟବର, ବା: ସରସରା
୧୦	୧୦	୪୩୦	୦.୨୨୦	୦.୦୭୦	ଶାରଦ ଜଳ-୩	ହରିହର ପ୍ରଧାନ, ପି.- ଜଗନ୍ନାଥ, ବା: ସରସରା
୧୧	୧୧	୪୩୧	୦.୦୬୦	୦.୦୬୦	ଶାରଦ ଜଳ-୨	ବାସୁଦେବ ମେହେର, ପି.- ଶ୍ୟାମସୁନ୍ଦର, ବା: ସରସରା
୧୨	୧୨	୪୩୪	୦.୩୮୦	୦.୧୬୦	ଶାରଦ ଜଳ-୩	ନରସିଂହ ପ୍ରଧାନ, ପି.- ଭଜମନ, ବା: ସରସରା
୧୩	୧୩	୪୪୦	୦.୧୫୦	୦.୦୫୦	ଶାରଦ ଜଳ-୨	ଉପେନ୍ଦ୍ର ସାହୁ, ପି.- କୃଷ୍ଣଚନ୍ଦ୍ର, ବା: ସରସରା
୧୪	୧୪	୪୪୨	୦.୨୦୦	୦.୧୦୦	ଶାରଦ ଜଳ-୩	ଭିକାରୀ ପ୍ରଧାନ, ପି.- ଗୋପୀନାଥ, ବା: ସରସରା
୧	୧	୨	୦.୨୮୦	୦.୧୦୦	ଶାରଦ ଜଳ-୨	ଚିନ୍ତାମଣି ପ୍ରଧାନ, ପି.- ବାରିକ, ବା: ସରସରା
୨	୨	୩	୦.୧୪୦	୦.୦୮୦	ଶାରଦ ଜଳ-୩	ଅର୍ଜୁନ ପ୍ରଧାନ, ପି.- ମହାଦେବ ସାହୁ, ବା: ସରସରା
୩	୩	୪	୦.୧୯୦	୦.୦୯୦	ଶାରଦ ଜଳ-୨	ଗଣେଶ ପ୍ରଧାନ, ପି.- ଦାମୋଦର, ବା: ସରସରା
୪	୪	୪୧୨	୦.୧୨୦	୦.୦୬୦	ଶାରଦ ଜଳ-୩	ସୁଦାମ ସେଠୀ, ପି.- ରାମ ସେଠୀ, ବା: ସରସରା
୫	୫	୪୧୩	୦.୩୪୦	୦.୧୨୦	ଶାରଦ ଜଳ-୨	ଭଗବାନ ପ୍ରଧାନ, ପି.- କାଶୀନାଥ, ବା: ସରସରା
୬	୬	୪୧୫	୦.୦୮୦	୦.୦୮୦	ଶାରଦ ଜଳ-୩	ଦୁର୍ଯ୍ୟୋଧନ ସାହୁ, ପି.- ମାଧବ, ବା: ସରସରା
୭	୭	୪୨୦	୦.୨୬୦	୦.୧୪୦	ଶାରଦ ଜଳ-୨	ସୁରେନ୍ଦ୍ର ପ୍ରଧାନ, ପି.- ଗୋବିନ୍ଦ, ବା: ସରସରା
୮	୮	୪୨୧	୦.୪୬୦	୦.୨୦୦	ଶାରଦ ଜଳ-୩	ଲକ୍ଷ୍ମଣ ଭୋଇ, ପି.- ବଳରାମ, ବା: ସରସରା
୯	୯	୪୨୫	୦.୧୧୦	୦.୧୧୦	ଶାରଦ ଜଳ-୨	ପୀତାମ୍ବର ସାହୁ, ପି.- ନଟବର, ବା: ସରସରା
୧୦	୧୦	୪୩୦	୦.୨୨୦	୦.୦୭୦	ଶାରଦ ଜଳ-୩	ହରିହର ପ୍ରଧାନ, ପି.- ଜଗନ୍ନାଥ, ବା: ସରସରା
୧୧	୧୧	୪୩୧	୦.୦୬୦	୦.୦୬୦	ଶାରଦ ଜଳ-୨	ବାସୁଦେବ ମେହେର, ପି.- ଶ୍ୟାମସୁନ୍ଦର, ବା: ସରସରା
୧୨	୧୨	୪୩୪	୦.୩୮୦	୦.୧୬୦	ଶାରଦ ଜଳ-୩	ନରସିଂହ ପ୍ରଧାନ, ପି.- ଭଜମନ, ବା: ସରସରା
୧୩	୧୩	୪୪୦	୦.୧୫୦	୦.୦୫୦	ଶାରଦ ଜଳ-୨	ଉପେନ୍ଦ୍ର ସାହୁ, ପି.- କୃଷ୍ଣଚନ୍ଦ୍ର, ବା: ସରସରା
୧୪	୧୪	୪୪୨	୦.୨୦୦	୦.୧୦୦	ଶାରଦ ଜଳ-୩	ଭିକାରୀ ପ୍ରଧାନ, ପି.- ଗୋପୀନାଥ, ବା: ସରସରା
୧	୧	୨	୦.୨୮୦	୦.୧୦୦	ଶାରଦ ଜଳ-୨	ଚିନ୍ତାମଣି ପ୍ରଧାନ, ପି.- ବାରିକ, ବା: ସରସରା
୨	୨	୩	୦.୧୪୦	୦.୦୮୦	ଶାରଦ ଜଳ-୩	ଅର୍ଜୁନ ପ୍ରଧାନ, ପି.- ମହାଦେବ ସାହୁ, ବା: ସରସରା
୩	୩	୪	୦.୧୯୦	୦.୦୯୦	ଶାରଦ ଜଳ-୨	ଗଣେଶ ପ୍ରଧାନ, ପି.- ଦାମୋଦର, ବା: ସରସରା
୪	୪	୪୧୨	୦.୧୨୦	୦.୦୬୦	ଶାରଦ ଜଳ-୩	ସୁଦାମ ସେଠୀ, ପି.- ରାମ ସେଠୀ, ବା: ସରସରା
୫	୫	୪୧୩	୦.୩୪୦	୦.୧୨୦	ଶାରଦ ଜଳ-୨	ଭଗବାନ ପ୍ରଧାନ, ପି.- କାଶୀନାଥ, ବା: ସରସରା
୬	୬	୪୧୫	୦.୦୮୦	୦.୦୮୦	ଶାରଦ ଜଳ-୩	ଦୁର୍ଯ୍ୟୋଧନ ସାହୁ, ପି.- ମାଧବ, ବା: ସରସରା
୭	୭	୪୨୦	୦.୨୬୦	୦.୧୪୦	ଶାରଦ ଜଳ-୨	ସୁରେନ୍ଦ୍ର ପ୍ରଧାନ, ପି.- ଗୋବିନ୍ଦ, ବା: ସରସରା
୮	୮	୪୨୧	୦.୪୬୦	୦.୨୦୦	ଶାରଦ ଜଳ-୩	ଲକ୍ଷ୍ମଣ ଭୋଇ, ପି.- ବଳରାମ, ବା: ସରସରା
୯	୯	୪୨୫	୦.୧୧୦	୦.୧୧୦	ଶାରଦ ଜଳ-୨	ପୀତାମ୍ବର ସାହୁ, ପି.- ନଟବର, ବା: ସରସରା
୧୦	୧୦	୪୩୦	୦.୨୨୦	୦.୦୭୦	ଶାରଦ ଜଳ-୩	ହରିହର ପ୍ରଧାନ, ପି.- ଜଗନ୍ନାଥ, ବା: ସରସରା
୧୧	୧୧	୪୩୧	୦.୦୬୦	୦.୦୬୦	ଶାରଦ ଜଳ-୨	ବାସୁଦେବ ମେହେର, ପି.- ଶ୍ୟାମସୁନ୍ଦର, ବା: ସରସରା
୧୨	୧୨	୪୩୪	୦.୩୮୦	୦.୧୬୦	ଶାରଦ ଜଳ-୩	ନରସିଂହ ପ୍ରଧାନ, ପି.- ଭଜମନ, ବା: ସରସରା
୧୩	୧୩	୪୪୦	୦.୧୫୦	୦.୦୫୦	ଶାରଦ ଜଳ-୨	ଉପେନ୍ଦ୍ର ସାହୁ, ପି.- କୃଷ୍ଣଚନ୍ଦ୍ର, ବା: ସରସରା
୧୪	୧୪	୪୪୨	୦.୨୦୦	୦.୧୦୦	ଶାରଦ ଜଳ-୩	ଭିକାରୀ ପ୍ରଧାନ, ପି.- ଗୋପୀନାଥ, ବା: ସରସରା
୧	୧	୨	୦.୨୮୦	୦.୧୦୦	ଶାରଦ ଜଳ-୨	ଚିନ୍ତାମଣି ପ୍ରଧାନ, ପି.- ବାରିକ, ବା: ସରସରା
୨	୨	୩	୦.୧୪୦	୦.୦୮୦	ଶାରଦ ଜଳ-୩	ଅର୍ଜୁନ ପ୍ରଧାନ, ପି.- ମହାଦେବ ସାହୁ, ବା: ସରସରା
୩	୩	୪	୦.୧୯୦	୦.୦୯୦	ଶାରଦ ଜଳ-୨	ଗଣେଶ ପ୍ରଧାନ, ପି.- ଦାମୋଦର, ବା: ସରସରା
୪	୪	୪୧୨	୦.୧୨୦	୦.୦୬୦	ଶାରଦ ଜଳ-୩	ସୁଦାମ ସେଠୀ, ପି.- ରାମ ସେଠୀ, ବା: ସରସରା
୫	୫	୪୧୩	୦.୩୪୦	୦.୧୨୦	ଶାରଦ ଜଳ-୨	ଭଗବାନ ପ୍ରଧାନ, ପି.- କାଶୀନାଥ, ବା: ସରସରା
୬	୬	୪୧୫	୦.୦୮୦	୦.୦୮୦	ଶାରଦ ଜଳ-୩	ଦୁର୍ଯ୍ୟୋଧନ ସାହୁ, ପି.- ମାଧବ, ବା: ସରସରା
୭	୭	୪୨୦	୦.୨୬୦	୦.୧୪୦	ଶାରଦ ଜଳ-୨	ସୁରେନ୍ଦ୍ର ପ୍ରଧାନ, ପି.- ଗୋବିନ୍ଦ, ବା: ସରସରା
୮	୮	୪୨୧	୦.୪୬୦	୦.୨୦୦	ଶାରଦ ଜଳ-୩	ଲକ୍ଷ୍ମଣ ଭୋଇ, ପି.- ବଳରାମ, ବା: ସରସରା
୯	୯	୪୨୫	୦.୧୧୦	୦.୧୧୦	ଶାରଦ ଜଳ-୨	ପୀତାମ୍ବର ସାହୁ, ପି.- ନଟବର, ବା: ସରସରା
୧୦	୧୦	୪୩୦	୦.୨୨୦	୦.୦୭୦	ଶାରଦ ଜଳ-୩	ହରିହର ପ୍ରଧାନ, ପି.- ଜଗନ୍ନାଥ, ବା: ସରସରା
୧୧	୧୧	୪୩୧	୦.୦୬୦	୦.୦୬୦	ଶାରଦ ଜଳ-୨	ବାସୁଦେବ ମେହେର, ପି.- ଶ୍ୟାମସୁନ୍ଦର, ବା: ସରସରା
୧୨	୧୨	୪୩୪	୦.୩୮୦	୦.୧୬୦	ଶାରଦ ଜଳ-୩	ନରସିଂହ ପ୍ରଧାନ, ପି.- ଭଜମନ, ବା: ସରସରା
୧୩	୧୩	୪୪୦	୦.୧୫୦	୦.୦୫୦	ଶାରଦ ଜଳ-୨	ଉପେନ୍ଦ୍ର ସାହୁ, ପି.- କୃଷ୍ଣଚନ୍ଦ୍ର, ବା: ସରସରା
୧୪	୧୪	୪୪୨	୦.୨୦୦	୦.୧୦୦	ଶାରଦ ଜଳ-୩	ଭିକାରୀ ପ୍ରଧାନ, ପି.- ଗୋପୀନାଥ, ବା: ସରସରା
୧	୧	୨	୦.୨୮୦	୦.୧୦୦	ଶାରଦ ଜଳ-୨	ଚିନ୍ତାମଣି ପ୍ରଧାନ, ପି.- ବାରିକ, ବା: ସରସରା
୨	୨	୩	୦.୧୪୦	୦.୦୮୦	ଶାରଦ ଜଳ-୩	ଅର୍ଜୁନ ପ୍ରଧାନ, ପି.- ମହାଦେବ ସାହୁ, ବା: ସରସରା
୩	୩	୪	୦.୧୯୦	୦.୦୯୦	ଶାରଦ ଜଳ-୨	ଗଣେଶ ପ୍ରଧାନ, ପି.- ଦାମୋଦର, ବା: ସରସରା
୪	୪	୪୧୨	୦.୧୨୦	୦.୦୬୦	ଶାରଦ ଜଳ-୩	ସୁଦାମ ସେଠୀ, ପି.- ରାମ ସେଠୀ, ବା: ସରସରା
୫	୫	୪୧୩	୦.୩୪୦	୦.୧୨୦	ଶାରଦ ଜଳ-୨	ଭଗବାନ ପ୍ରଧାନ, ପି.- କାଶୀନାଥ, ବା: ସରସରା
୬	୬	୪୧୫	୦.୦୮୦	୦.୦୮୦	ଶାରଦ ଜଳ-୩	ଦୁର୍ଯ୍ୟୋଧନ ସାହୁ, ପି.- ମାଧବ, ବା: ସରସରା
୭	୭	୪୨୦	୦.୨୬୦	୦.୧୪୦	ଶାରଦ ଜଳ-୨	ସୁରେନ୍ଦ୍ର ପ୍ରଧାନ, ପି.- ଗୋବିନ୍ଦ, ବା: ସରସରା
୮	୮	୪୨୧	୦.୪୬୦	୦.୨୦୦	ଶାରଦ ଜଳ-୩	ଲକ୍ଷ୍ମଣ ଭୋଇ, ପି.- ବଳରାମ, ବା: ସରସରା
୯	୯	୪୨୫	୦.୧୧୦	୦.୧୧୦	ଶାରଦ ଜଳ-୨	ପୀତାମ୍ବର ସାହୁ, ପି.- ନଟବର, ବା: ସରସରା
୧୦	୧୦	୪୩୦	୦.୨୨୦	୦.୦୭୦	ଶାରଦ ଜଳ-୩	ହରିହର ପ୍ରଧାନ, ପି.- ଜଗନ୍ନାଥ, ବା: ସରସରା
୧୧	୧୧	୪୩୧	୦.୦୬୦	୦.୦୬୦	ଶାରଦ ଜଳ-୨	ବାସୁଦେବ ମେହେର, ପି.- ଶ୍ୟାମସୁନ୍ଦର, ବା: ସରସରା
୧୨	୧୨	୪୩୪	୦.୩୮୦	୦.୧୬୦	ଶାରଦ ଜଳ-୩	ନରସିଂହ ପ୍ରଧାନ, ପି.- ଭଜମନ, ବା: ସରସରା
୧୩	୧୩	୪୪୦	୦.୧୫୦	୦.୦୫୦	ଶାରଦ ଜଳ-୨	ଉପେନ୍ଦ୍ର ସାହୁ, ପି.- କୃଷ୍ଣଚନ୍ଦ୍ର, ବା: ସରସରା
୧୪	୧୪	୪୪୨	୦.୨୦୦	୦.୧୦୦	ଶାରଦ ଜଳ-୩	ଭିକାରୀ ପ୍ରଧାନ, ପି.- ଗୋପୀନାଥ, ବା: ସରସରା
୧	୧	୨	୦.୨୮୦	୦.୧୦୦	ଶାରଦ ଜଳ-୨	ଚିନ୍ତାମଣି ପ୍ରଧାନ, ପି.- ବାରିକ, ବା: ସରସରା
୨	୨	୩	୦.୧୪୦	୦.୦୮୦	ଶାରଦ ଜଳ-୩	ଅର୍ଜୁନ ପ୍ରଧାନ, ପି.- ମହାଦେବ ସାହୁ, ବା: ସରସରା
୩	୩	୪	୦.୧୯୦	୦.୦୯୦	ଶାରଦ ଜଳ-୨	ଗଣେଶ ପ୍ରଧାନ, ପି.- ଦାମୋଦର, ବା: ସରସରା
୪	୪	୪୧୨	୦.୧୨୦	୦.୦୬୦	ଶାରଦ ଜଳ-୩	ସୁଦାମ ସେଠୀ, ପି.- ରାମ ସେଠୀ, ବା: ସରସରା
୫	୫	୪୧୩	୦.୩୪୦	୦.୧୨୦	ଶାରଦ ଜଳ-୨	ଭଗବାନ ପ୍ରଧାନ, ପି.- କାଶୀନାଥ, ବା: ସରସରା
୬	୬	୪୧୫	୦.୦୮୦	୦.୦୮୦	ଶାରଦ ଜଳ-୩	ଦୁର୍ଯ୍ୟୋଧନ ସାହୁ, ପି.- ମାଧବ, ବା: ସରସରା
୭	୭	୪୨୦	୦.୨୬୦	୦.୧୪୦	ଶାରଦ ଜଳ-୨	ସୁରେନ୍ଦ୍ର ପ୍ରଧାନ, ପି.- ଗୋବିନ୍ଦ, ବା: ସରସରା
୮	୮	୪୨୧	୦.୪୬୦	୦.୨୦୦	ଶାରଦ ଜଳ-୩	ଲକ୍ଷ୍ମଣ ଭୋଇ, ପି.- ବଳରାମ, ବା: ସରସରା
୯	୯	୪୨୫	୦.୧୧୦	୦.୧୧୦	ଶାରଦ ଜଳ-୨	ପୀତାମ୍ବର ସାହୁ, ପି.- ନଟବର, ବା: ସରସରା
୧୦	୧୦	୪୩୦	୦.୨୨୦	୦.୦୭୦	ଶାରଦ ଜଳ-୩	ହରିହର ପ୍ରଧାନ, ପି.- ଜଗନ୍ନାଥ, ବା: ସରସରା
୧୧	୧୧	୪୩୧	୦.୦୬୦	୦.୦୬୦	ଶାରଦ ଜଳ-୨	ବାସୁଦେବ ମେହେର, ପି.- ଶ୍ୟାମସୁନ୍ଦର, ବା: ସରସରା
୧୨	୧୨	୪୩୪	୦.୩୮୦	୦.୧୬୦	ଶାରଦ ଜଳ-୩	ନରସିଂହ ପ୍ରଧାନ, ପି.- ଭଜମନ, ବା: ସରସରା
୧୩	୧୩	୪୪୦	୦.୧୫୦	୦.୦୫୦	ଶାରଦ ଜଳ-୨	ଉପେନ୍ଦ୍ର ସାହୁ, ପି.- କୃଷ୍ଣଚନ୍ଦ୍ର, ବା: ସରସରା
୧୪	୧୪	୪୪୨	୦.୨୦୦	୦.୧୦୦	ଶାରଦ ଜଳ-୩	ଭିକାରୀ ପ୍ରଧାନ, ପି.- ଗୋପୀନାଥ, ବା: ସରସରା
୧	୧	୨	୦.୨୮୦	୦.୧୦୦	ଶାରଦ ଜଳ-୨	ଚିନ୍ତାମଣି ପ୍ରଧାନ, ପି.- ବାରିକ, ବା: ସରସରା
୨	୨	୩	୦.୧୪୦	୦.୦୮୦	ଶାରଦ ଜଳ-୩	ଅର୍ଜୁନ ପ୍ରଧାନ, ପି.- ମହାଦେବ ସାହୁ, ବା: ସରସରା
୩	୩	୪	୦.୧୯୦	୦.୦୯୦	ଶାରଦ ଜଳ-୨	ଗଣେଶ ପ୍ରଧାନ, ପି.- ଦାମୋଦର, ବା: ସରସରା
୪	୪	୪୧୨	୦.୧୨୦	୦.୦୬୦	ଶାରଦ ଜଳ-୩	ସୁଦାମ ସେଠୀ, ପି.- ରାମ ସେଠୀ, ବା: ସରସରା
୫	୫	୪୧୩	୦.୩୪୦	୦.୧୨୦	ଶାରଦ ଜଳ-୨	ଭଗବାନ ପ୍ରଧାନ, ପି.- କାଶୀନାଥ, ବା: ସରସରା
୬	୬	୪୧୫	୦.୦୮୦	୦.୦୮୦	ଶାରଦ ଜଳ-୩	ଦୁର୍ଯ୍ୟୋଧନ ସାହୁ, ପି.- ମାଧବ, ବା: ସରସରା
୭	୭	୪୨୦	୦.୨୬୦	୦.୧୪୦	ଶାରଦ ଜଳ-୨	ସୁରେନ୍ଦ୍ର ପ୍ରଧାନ, ପି.- ଗୋବିନ୍ଦ, ବା: ସରସରା
୮	୮	୪୨୧	୦.୪୬୦	୦.୨୦୦	ଶାରଦ ଜଳ-୩	ଲକ୍ଷ୍ମଣ ଭୋଇ, ପି.- ବଳରାମ, ବା: ସରସରା
୯	୯	୪୨୫	୦.୧୧୦	୦.୧୧୦	ଶାରଦ ଜଳ-୨	ପୀତାମ୍ବର ସାହୁ, ପି.- ନଟବର, ବା: ସରସରା
୧୦	୧୦	୪୩୦	୦.୨୨୦	୦.୦୭୦	ଶାରଦ ଜଳ-୩	ହରିହର ପ୍ରଧାନ, ପି.- ଜଗନ୍ନାଥ, ବା: ସରସରା
୧୧	୧୧	୪୩୧	୦.୦୬୦	୦.୦୬୦	ଶାରଦ ଜଳ-୨	ବାସୁଦେବ ମେହେର, ପି.- ଶ୍ୟାମସୁନ୍ଦର, ବା: ସରସରା
୧୨	୧୨	୪୩୪	୦.୩୮୦	୦.୧୬୦	ଶାରଦ ଜଳ-୩	ନରସିଂହ ପ୍ରଧାନ, ପି.- ଭଜମନ, ବା: ସରସରା
୧୩	୧୩	୪୪୦	୦.୧୫୦	୦.୦୫୦	ଶାରଦ ଜଳ-୨	ଉପେନ୍ଦ୍ର ସାହୁ, ପି.- କୃଷ୍ଣଚନ୍ଦ୍ର, ବା: ସରସରା
୧୪	୧୪	୪୪୨	୦.୨୦୦	୦.୧୦୦	ଶାରଦ ଜଳ-୩	ଭିକାରୀ ପ୍ରଧାନ, ପି.- ଗୋପୀନାଥ, ବା: ସରସରା
୧	୧	୨	୦.୨୮୦	୦.୧୦୦	ଶାରଦ ଜଳ-୨	ଚିନ୍ତାମଣି ପ୍ରଧାନ, ପି.- ବାରିକ, ବା: ସରସରା
୨	୨	୩	୦.୧୪୦	୦.୦୮୦	ଶାରଦ ଜଳ-୩	ଅର୍ଜୁନ ପ୍ରଧାନ, ପି.- ମହାଦେବ ସାହୁ, ବା: ସରସରା
୩	୩	୪	୦.୧୯୦	୦.୦୯୦	ଶାରଦ ଜଳ-୨	ଗଣେଶ ପ୍ରଧାନ, ପି.- ଦାମୋଦର, ବା: ସରସରା
୪	୪	୪୧୨	୦.୧୨୦	୦.୦୬୦	ଶାରଦ ଜଳ-୩	ସୁଦାମ ସେଠୀ, ପି.- ରାମ ସେଠୀ, ବା: ସରସରା
୫	୫	୪୧୩	୦.୩୪୦	୦.୧୨୦	ଶାରଦ ଜଳ-୨	ଭଗବାନ ପ୍ରଧାନ, ପି.- କାଶୀନାଥ, ବା: ସରସରା
୬	୬	୪୧୫	୦.୦୮୦	୦.୦୮୦	ଶାରଦ ଜଳ-୩	ଦୁର୍ଯ୍ୟୋଧନ ସାହୁ, ପି.- ମାଧବ, ବା: ସରସରା
୭	୭	୪୨୦	୦.୨୬୦	୦.୧୪୦	ଶାରଦ ଜଳ-୨	ସୁରେନ୍ଦ୍ର ପ୍ରଧାନ, ପି.- ଗୋବିନ୍ଦ, ବା: ସରସରା
୮	୮	୪୨୧	୦.୪୬୦	୦.୨୦୦	ଶାରଦ ଜଳ-୩	ଲକ୍ଷ୍ମଣ ଭୋଇ, ପି.- ବଳରାମ, ବା: ସରସରା
୯	୯	୪୨୫	୦.୧୧୦	୦.୧୧୦	ଶାରଦ ଜଳ-୨	ପୀତାମ୍ବର ସାହୁ, ପି.- ନଟବର, ବା: ସରସରା
୧୦	୧୦	୪୩୦	୦.୨୨୦	୦.୦୭୦	ଶାରଦ ଜଳ-୩	ହରିହର ପ୍ରଧାନ, ପି.- ଜଗନ୍ନାଥ, ବା: ସରସରା
୧୧	୧୧	୪୩୧	୦.୦୬୦	୦.୦୬୦	ଶାରଦ ଜଳ-୨	ବାସୁଦେବ ମେହେର, ପି.- ଶ୍ୟାମସୁନ୍ଦର, ବା: ସରସରା
୧୨	୧୨	୪୩୪	୦.୩୮୦	୦.୧୬୦	ଶାରଦ ଜଳ-୩	ନରସିଂହ ପ୍ରଧାନ, ପି.- ଭଜମନ, ବା: ସରସରା
୧୩	୧୩	୪୪୦	୦.୧୫୦	୦.୦୫୦	ଶାରଦ ଜଳ-୨	ଉପେନ୍ଦ୍ର ସାହୁ, ପି.- କୃଷ୍ଣଚନ୍ଦ୍ର, ବା: ସରସରା
୧୪	୧୪	୪୪୨	୦.୨୦୦	୦.୧୦୦	ଶାରଦ ଜଳ-୩	ଭିକାରୀ ପ୍ରଧାନ, ପି.- ଗୋପୀନାଥ, ବା: ସରସରା
୧	୧	୨	୦.୨୮୦	୦.୧୦୦	ଶାରଦ ଜଳ-୨	ଚିନ୍ତାମଣି ପ୍ରଧାନ, ପି.- ବାରିକ, ବା: ସରସରା
୨	୨	୩	୦.୧୪୦	୦.୦୮୦	ଶାରଦ ଜଳ-୩	ଅର୍ଜୁନ ପ୍ରଧାନ, ପି.- ମହାଦେବ ସାହୁ, ବା: ସରସରା
୩	୩	୪	୦.୧୯୦	୦.୦୯୦	ଶାରଦ ଜଳ-୨	ଗଣେଶ ପ୍ରଧାନ, ପି.- ଦାମୋଦର, ବା: ସରସରା
୪	୪	୪୧୨	୦.୧୨୦	୦.୦୬୦	ଶାରଦ ଜଳ-୩	ସୁଦାମ ସେଠୀ, ପି.- ରାମ ସେଠୀ, ବା: ସରସରା
୫	୫	୪୧୩	୦.୩୪୦	୦.୧୨୦	ଶାରଦ ଜଳ-୨	ଭଗବାନ ପ୍ରଧାନ, ପି.- କାଶୀନାଥ, ବା: ସରସରା
୬	୬	୪୧୫	୦.୦୮୦	୦.୦୮୦	ଶାରଦ ଜଳ-୩	ଦୁର୍ଯ୍ୟୋଧନ ସାହୁ, ପି.- ମାଧବ, ବା: ସରସରା
୭	୭	୪୨୦	୦.୨୬୦	୦.୧୪୦	ଶାରଦ ଜଳ-୨	ସୁରେନ୍ଦ୍ର ପ୍ରଧାନ, ପି.- ଗୋବିନ୍ଦ, ବା: ସରସରା
୮	୮	୪୨୧	୦.୪୬୦	୦.୨୦୦	ଶାରଦ ଜଳ-୩	ଲକ୍ଷ୍ମଣ ଭୋଇ, ପି.- ବଳରାମ, ବା: ସରସରା
୯	୯	୪୨୫	୦.୧୧୦	୦.୧୧୦	ଶାରଦ ଜଳ-୨	ପୀତାମ୍ବର ସାହୁ, ପି.- ନଟବର, ବା: ସରସରା
୧୦	୧୦	୪୩୦	୦.୨୨୦	୦.୦୭୦	ଶାରଦ ଜଳ-୩	ହରିହର ପ୍ରଧାନ, ପି.- ଜଗନ୍ନାଥ, ବା: ସରସରା
୧୧	୧୧	୪୩୧	୦.୦୬୦	୦.୦୬୦	ଶାରଦ ଜଳ-୨	ବାସୁଦେବ ମେହେର, ପି.- ଶ୍ୟାମସୁନ୍ଦର, ବା: ସରସରା
୧୨	୧୨	୪୩୪	୦.୩୮୦	୦.୧୬୦	ଶାରଦ ଜଳ-୩	ନରସିଂହ ପ୍ରଧାନ, ପି.- ଭଜମନ, ବା: ସରସରା
୧୩	୧୩	୪୪୦	୦.୧୫୦	୦.୦୫୦	ଶାରଦ ଜଳ-୨	ଉପେନ୍ଦ୍ର ସାହୁ, ପି.- କୃଷ୍ଣଚନ୍ଦ୍ର, ବା: ସରସରା
୧୪	୧୪	୪୪୨	୦.୨୦୦	୦.୧୦୦	ଶାରଦ ଜଳ-୩	ଭିକାରୀ ପ୍ରଧାନ, ପି.- ଗୋପୀନାଥ, ବା: ସରସରା
୧	୧	୨	୦.୨୮୦	୦.୧୦୦	ଶାରଦ ଜଳ-୨	ଚିନ୍ତାମଣି ପ୍ରଧାନ, ପି.- ବାରିକ, ବା: ସରସରା
୨	୨	୩	୦.୧୪୦	୦.୦୮୦	ଶାରଦ ଜଳ-୩	ଅର୍ଜୁନ ପ୍ରଧାନ, ପି.- ମହାଦେବ ସାହୁ, ବା: ସରସରା
୩	୩	୪	୦.୧୯୦	୦.୦୯୦	ଶାରଦ ଜଳ-୨	ଗଣେଶ ପ୍ରଧାନ, ପି.- ଦାମୋଦର, ବା: ସରସରା
୪	୪	୪୧୨	୦.୧୨୦	୦.୦୬୦	ଶାରଦ ଜଳ-୩	ସୁଦାମ ସେଠୀ, ପି.- ରାମ ସେଠୀ, ବା: ସରସରା
୫	୫	୪୧୩	୦.୩୪୦	୦.୧୨୦	ଶାରଦ ଜଳ-୨	ଭଗବାନ ପ୍ରଧାନ, ପି.- କାଶୀନାଥ, ବା: ସରସରା
୬	୬	୪୧୫	୦.୦୮୦	୦.୦୮୦	ଶାରଦ ଜଳ-୩	ଦୁର୍ଯ୍ୟୋଧନ ସାହୁ, ପି.- ମାଧବ, ବା: ସରସରା
୭	୭	୪୨୦	୦.୨୬୦	୦.୧୪୦	ଶାରଦ ଜଳ-୨	ସୁରେନ୍ଦ୍ର ପ୍ରଧାନ, ପି.- ଗୋବିନ୍ଦ, ବା: ସରସରା
୮	୮	୪୨୧	୦.୪୬୦	୦.୨୦୦	ଶାରଦ ଜଳ-୩	ଲକ୍ଷ୍ମଣ ଭୋଇ, ପି.- ବଳରାମ, ବା: ସରସରା
୯	୯	୪୨୫	୦.୧୧୦	୦.୧୧୦	ଶାରଦ ଜଳ-୨	ପୀତାମ୍ବର ସାହୁ, ପି.- ନଟବର, ବା: ସରସରା
୧୦	୧୦	୪୩୦	୦.୨୨୦	୦.୦୭୦	ଶାରଦ ଜଳ-୩	ହରିହର ପ୍ରଧାନ, ପି.- ଜଗନ୍ନାଥ, ବା: ସରସରା
୧୧	୧୧	୪୩୧	୦.୦୬୦	୦.୦୬୦	ଶାରଦ ଜଳ-୨	ବାସୁଦେବ ମେହେର, ପି.- ଶ୍ୟାମସୁନ୍ଦର, ବା: ସରସରା
୧୨	୧୨	୪୩୪	୦.୩୮୦	୦.୧୬୦	ଶାରଦ ଜଳ-୩	ନରସିଂହ ପ୍ରଧାନ, ପି.- ଭଜମନ, ବା: ସରସରା
୧୩	୧୩	୪୪୦	୦.୧୫୦	୦.୦୫୦	ଶାରଦ ଜଳ-୨	ଉପେନ୍ଦ୍ର ସାହୁ, ପି.- କୃଷ୍ଣଚନ୍ଦ୍ର, ବା: ସରସରା
୧୪	୧୪	୪୪୨	୦.୨୦୦	୦.୧୦୦	ଶାରଦ ଜଳ-୩	ଭିକାରୀ ପ୍ରଧାନ, ପି.- ଗୋପୀନାଥ, ବା: ସରସରା
୧	୧	୨	୦.୨୮୦	୦.୧୦୦	ଶାରଦ ଜଳ-୨	ଚିନ୍ତାମଣି ପ୍ରଧାନ, ପି.- ବାରିକ, ବା: ସରସରା
୨	୨	୩	୦.୧୪୦	୦.୦୮୦	ଶାରଦ ଜଳ-୩	ଅର୍ଜୁନ ପ୍ରଧାନ, ପି.- ମହାଦେବ ସାହୁ, ବା: ସରସରା
୩	୩	୪	୦.୧୯୦	୦.୦୯୦	ଶାରଦ ଜଳ-୨	ଗଣେଶ ପ୍ରଧାନ, ପି.- ଦାମୋଦର, ବା: ସରସରା
୪	୪	୪୧୨	୦.୧୨୦	୦.୦୬୦	ଶାରଦ ଜଳ-୩	ସୁଦାମ ସେଠୀ, ପି.- ରାମ ସେଠୀ, ବା: ସରସରା
୫	୫	୪୧୩	୦.୩୪୦	୦.୧୨୦	ଶାରଦ ଜଳ-୨	ଭଗବାନ ପ୍ରଧାନ, ପି.- କାଶୀନାଥ, ବା: ସରସରା
୬	୬	୪୧୫	୦.୦୮୦	୦.୦୮୦	ଶାରଦ ଜଳ-୩	ଦୁର୍ଯ୍ୟୋଧନ ସାହୁ, ପି.- ମାଧବ, ବା: ସରସରା
୭	୭	୪୨୦	୦.୨୬୦	୦.୧୪୦	ଶାରଦ ଜଳ-୨	ସୁରେନ୍ଦ୍ର ପ୍ରଧାନ, ପି.- ଗୋବିନ୍ଦ, ବା: ସରସରା
୮	୮	୪୨୧	୦.୪୬୦	୦.୨୦୦	ଶାରଦ ଜଳ-୩	ଲକ୍ଷ୍ମଣ ଭୋଇ, ପି.- ବଳରାମ, ବା: ସରସରା
୯	୯	୪୨୫	୦.୧୧୦	୦.୧୧୦	ଶାରଦ ଜଳ-୨	ପୀତାମ୍ବର ସାହୁ, ପି.- ନଟବର, ବା: ସରସରା
୧୦	୧୦	୪୩୦	୦.୨୨୦	୦.୦୭୦	ଶାରଦ ଜଳ-୩	ହରିହର ପ୍ରଧାନ, ପି.- ଜଗନ୍ନାଥ, ବା: ସରସରା
ଜମିର ତାଲିକା
ଖୋର୍ଦ୍ଧାରୋଡ଼ - ବଲାଙ୍ଗୀର ନୂତନ ରେଳପଥ ପ୍ରକଳ୍ପ ପାଇଁ ଜମି ଅଧିଗ୍ରହଣ ପ୍ରସ୍ତାବିତ ଭୂ-ଅନୁସୂଚୀର ବିବରଣୀ
ଗ୍ରାମ: ସରସରା, ତହସିଲ: ହରଭଙ୍ଗା, ଥାନା: ବୌଦ୍ଧ (ନଂ.-୩୨୨), ଜିଲ୍ଲା: ବୌଦ୍ଧ
ଏ. ବ୍ୟକ୍ତିଗତ ଜମି
କ୍ରମିକ ନଂ.	ଖତିୟାନ ନଂ.	ପ୍ଲଟ ନଂ.	ରକବା	ଅଧିଗ୍ରହଣ ରକବା	କିସମ	ଅଭିଲିଖିତ ରେୟତଙ୍କ ନାମ
୧	୨	୩	୪	୫	୬	୭
୧	୧	୨	୦.୨୮୦	୦.୧୦୦	ଶାରଦ ଜଳ-୨	ଚିନ୍ତାମଣି ପ୍ରଧାନ, ପି.- ବାରିକ, ବା: ସରସରା
୨	୨	୩	୦.୧୪୦	୦.୦୮୦	ଶାରଦ ଜଳ-୩	ଅର୍ଜୁନ ପ୍ରଧାନ, ପି.- ମହାଦେବ ସାହୁ, ବା: ସରସରା
୩	୩	୪	୦.୧୯୦	୦.୦୯୦	ଶାରଦ ଜଳ-୨	ଗଣେଶ ପ୍ରଧାନ, ପି.- ଦାମୋଦର, ବା: ସରସରା
୪	୪	୪୧୨	୦.୧୨୦	୦.୦୬୦	ଶାରଦ ଜଳ-୩	ସୁଦାମ ସେଠୀ, ପି.- ରାମ ସେଠୀ, ବା: ସରସରା
୫	୫	୪୧୩	୦.୩୪୦	୦.୧୨୦	ଶାରଦ ଜଳ-୨	ଭଗବାନ ପ୍ରଧାନ, ପି.- କାଶୀନାଥ, ବା: ସରସରା
୬	୬	୪୧୫	୦.୦୮୦	୦.୦୮୦	ଶାରଦ ଜଳ-୩	ଦୁର୍ଯ୍ୟୋଧନ ସାହୁ, ପି.- ମାଧବ, ବା: ସରସରା
୭	୭	୪୨୦	୦.୨୬୦	୦.୧୪୦	ଶାରଦ ଜଳ-୨	ସୁରେନ୍ଦ୍ର ପ୍ରଧାନ, ପି.- ଗୋବିନ୍ଦ, ବା: ସରସରା
୮	୮	୪୨୧	୦.୪୬୦	୦.୨୦୦	ଶାରଦ ଜଳ-୩	ଲକ୍ଷ୍ମଣ ଭୋଇ, ପି.- ବଳରାମ, ବା: ସରସରା
୯	୯	୪୨୫	୦.୧୧୦	୦.୧୧୦	ଶାରଦ ଜଳ-୨	ପୀତାମ୍ବର ସାହୁ, ପି.- ନଟବର, ବା: ସରସରା
୧୦	୧୦	୪୩୦	୦.୨୨୦	୦.୦୭୦	ଶାରଦ ଜଳ-୩	ହରିହର ପ୍ରଧାନ, ପି.- ଜଗନ୍ନାଥ, ବା: ସରସରା
୧୧	୧୧	୪୩୧	୦.୦୬୦	୦.୦୬୦	ଶାରଦ ଜଳ-୨	ବାସୁଦେବ ମେହେର, ପି.- ଶ୍ୟାମସୁନ୍ଦର, ବା: ସରସରା
୧୨	୧୨	୪୩୪	୦.୩୮୦	୦.୧୬୦	ଶାରଦ ଜଳ-୩	ନରସିଂହ ପ୍ରଧାନ, ପି.- ଭଜମନ, ବା: ସରସରା
୧୩	୧୩	୪୪୦	୦.୧୫୦	୦.୦୫୦	ଶାରଦ ଜଳ-୨	ଉପେନ୍ଦ୍ର ସାହୁ, ପି.- କୃଷ୍ଣଚନ୍ଦ୍ର, ବା: ସରସରା
୧୪	୧୪	୪୪୨	୦.୨୦୦	୦.୧୦୦	ଶାରଦ ଜଳ-୩	ଭିକାରୀ ପ୍ରଧାନ, ପି.- ଗୋପୀନାଥ, ବା: ସରସରା
୧	୧	୨	୦.୨୮୦	୦.୧୦୦	ଶାରଦ ଜଳ-୨	ଚିନ୍ତାମଣି ପ୍ରଧାନ, ପି.- ବାରିକ, ବା: ସରସରା
୨	୨	୩	୦.୧୪୦	୦.୦୮୦	ଶାରଦ ଜଳ-୩	ଅର୍ଜୁନ ପ୍ରଧାନ, ପି.- ମହାଦେବ ସାହୁ, ବା: ସରସରା
୩	୩	୪	୦.୧୯୦	୦.୦୯୦	ଶାରଦ ଜଳ-୨	ଗଣେଶ ପ୍ରଧାନ, ପି.- ଦାମୋଦର, ବା: ସରସରା
୪	୪	୪୧୨	୦.୧୨୦	୦.୦୬୦	ଶାରଦ ଜଳ-୩	ସୁଦାମ ସେଠୀ, ପି.- ରାମ ସେଠୀ, ବା: ସରସରା
୫	୫	୪୧୩	୦.୩୪୦	୦.୧୨୦	ଶାରଦ ଜଳ-୨	ଭଗବାନ ପ୍ରଧାନ, ପି.- କାଶୀନାଥ, ବା: ସରସରା
୬	୬	୪୧୫	୦.୦୮୦	୦.୦୮୦	ଶାରଦ ଜଳ-୩	ଦୁର୍ଯ୍ୟୋଧନ ସାହୁ, ପି.- ମାଧବ, ବା: ସରସରା
୭	୭	୪୨୦	୦.୨୬୦	୦.୧୪୦	ଶାରଦ ଜଳ-୨	ସୁରେନ୍ଦ୍ର ପ୍ରଧାନ, ପି.- ଗୋବିନ୍ଦ, ବା: ସରସରା
୮	୮	୪୨୧	୦.୪୬୦	୦.୨୦୦	ଶାରଦ ଜଳ-୩	ଲକ୍ଷ୍ମଣ ଭୋଇ, ପି.- ବଳରାମ, ବା: ସରସରା
୯	୯	୪୨୫	୦.୧୧୦	୦.୧୧୦	ଶାରଦ ଜଳ-୨	ପୀତାମ୍ବର ସାହୁ, ପି.- ନଟବର, ବା: ସରସରା
୧୦	୧୦	୪୩୦	୦.୨୨୦	୦.୦୭୦	ଶାରଦ ଜଳ-୩	ହରିହର ପ୍ରଧାନ, ପି.- ଜଗନ୍ନାଥ, ବା: ସରସରା
୧୧	୧୧	୪୩୧	୦.୦୬୦	୦.୦୬୦	ଶାରଦ ଜଳ-୨	ବାସୁଦେବ ମେହେର, ପି.- ଶ୍ୟାମସୁନ୍ଦର, ବା: ସରସରା
୧୨	୧୨	୪୩୪	୦.୩୮୦	୦.୧୬୦	ଶାରଦ ଜଳ-୩	ନରସିଂହ ପ୍ରଧାନ, ପି.- ଭଜମନ, ବା: ସରସରା
୧୩	୧୩	୪୪୦	୦.୧୫୦	୦.୦୫୦	ଶାରଦ ଜଳ-୨	ଉପେନ୍ଦ୍ର ସାହୁ, ପି.- କୃଷ୍ଣଚନ୍ଦ୍ର, ବା: ସରସରା
୧୪	୧୪	୪୪୨	୦.୨୦୦	୦.୧୦୦	ଶାରଦ ଜଳ-୩	ଭିକାରୀ ପ୍ରଧାନ, ପି.- ଗୋପୀନାଥ, ବା: ସରସରା
୧	୧	୨	୦.୨୮୦	୦.୧୦୦	ଶାରଦ ଜଳ-୨	ଚିନ୍ତାମଣି ପ୍ରଧାନ, ପି.- ବାରିକ, ବା: ସରସରା
୨	୨	୩	୦.୧୪୦	୦.୦୮୦	ଶାରଦ ଜଳ-୩	ଅର୍ଜୁନ ପ୍ରଧାନ, ପି.- ମହାଦେବ ସାହୁ, ବା: ସରସରା
୩	୩	୪	୦.୧୯୦	୦.୦୯୦	ଶାରଦ ଜଳ-୨	ଗଣେଶ ପ୍ରଧାନ, ପି.- ଦାମୋଦର, ବା: ସରସରା
୪	୪	୪୧୨	୦.୧୨୦	୦.୦୬୦	ଶାରଦ ଜଳ-୩	ସୁଦାମ ସେଠୀ, ପି.- ରାମ ସେଠୀ, ବା: ସରସରା
୫	୫	୪୧୩	୦.୩୪୦	୦.୧୨୦	ଶାରଦ ଜଳ-୨	ଭଗବାନ ପ୍ରଧାନ, ପି.- କାଶୀନାଥ, ବା: ସରସରା
୬	୬	୪୧୫	୦.୦୮୦	୦.୦୮୦	ଶାରଦ ଜଳ-୩	ଦୁର୍ଯ୍ୟୋଧନ ସାହୁ, ପି.- ମାଧବ, ବା: ସରସରା
୭	୭	୪୨୦	୦.୨୬୦	୦.୧୪୦	ଶାରଦ ଜଳ-୨	ସୁରେନ୍ଦ୍ର ପ୍ରଧାନ, ପି.- ଗୋବିନ୍ଦ, ବା: ସରସରା
୮	୮	୪୨୧	୦.୪୬୦	୦.୨୦୦	ଶାରଦ ଜଳ-୩	ଲକ୍ଷ୍ମଣ ଭୋଇ, ପି.- ବଳରାମ, ବା: ସରସରା
୯	୯	୪୨୫	୦.୧୧୦	୦.୧୧୦	ଶାରଦ ଜଳ-୨	ପୀତାମ୍ବର ସାହୁ, ପି.- ନଟବର, ବା: ସରସରା
୧୦	୧୦	୪୩୦	୦.୨୨୦	୦.୦୭୦	ଶାରଦ ଜଳ-୩	ହରିହର ପ୍ରଧାନ, ପି.- ଜଗନ୍ନାଥ, ବା: ସରସରା
୧୧	୧୧	୪୩୧	୦.୦୬୦	୦.୦୬୦	ଶାରଦ ଜଳ-୨	ବାସୁଦେବ ମେହେର, ପି.- ଶ୍ୟାମସୁନ୍ଦର, ବା: ସରସରା
୧୨	୧୨	୪୩୪	୦.୩୮୦	୦.୧୬୦	ଶାରଦ ଜଳ-୩	ନରସିଂହ ପ୍ରଧାନ, ପି.- ଭଜମନ, ବା: ସରସରା
୧୩	୧୩	୪୪୦	୦.୧୫୦	୦.୦୫୦	ଶାରଦ ଜଳ-୨	ଉପେନ୍ଦ୍ର ସାହୁ, ପି.- କୃଷ୍ଣଚନ୍ଦ୍ର, ବା: ସରସରା
୧୪	୧୪	୪୪୨	୦.୨୦୦	୦.୧୦୦	ଶାରଦ ଜଳ-୩	ଭିକାରୀ ପ୍ରଧାନ, ପି.- ଗୋପୀନାଥ, ବା: ସରସରା
୧	୧	୨	୦.୨୮୦	୦.୧୦୦	ଶାରଦ ଜଳ-୨	ଚିନ୍ତାମଣି ପ୍ରଧାନ, ପି.- ବାରିକ, ବା: ସରସରା
୨	୨	୩	୦.୧୪୦	୦.୦୮୦	ଶାରଦ ଜଳ-୩	ଅର୍ଜୁନ ପ୍ରଧାନ, ପି.- ମହାଦେବ ସାହୁ, ବା: ସରସରା
୩	୩	୪	୦.୧୯୦	୦.୦୯୦	ଶାରଦ ଜଳ-୨	ଗଣେଶ ପ୍ରଧାନ, ପି.- ଦାମୋଦର, ବା: ସରସରା
୪	୪	୪୧୨	୦.୧୨୦	୦.୦୬୦	ଶାରଦ ଜଳ-୩	ସୁଦାମ ସେଠୀ, ପି.- ରାମ ସେଠୀ, ବା: ସରସରା
୫	୫	୪୧୩	୦.୩୪୦	୦.୧୨୦	ଶାରଦ ଜଳ-୨	ଭଗବାନ ପ୍ରଧାନ, ପି.- କାଶୀନାଥ, ବା: ସରସରା
୬	୬	୪୧୫	୦.୦୮୦	୦.୦୮୦	ଶାରଦ ଜଳ-୩	ଦୁର୍ଯ୍ୟୋଧନ ସାହୁ, ପି.- ମାଧବ, ବା: ସରସରା
୭	୭	୪୨୦	୦.୨୬୦	୦.୧୪୦	ଶାରଦ ଜଳ-୨	ସୁରେନ୍ଦ୍ର ପ୍ରଧାନ, ପି.- ଗୋବିନ୍ଦ, ବା: ସରସରା
୮	୮	୪୨୧	୦.୪୬୦	୦.୨୦୦	ଶାରଦ ଜଳ-୩	ଲକ୍ଷ୍ମଣ ଭୋଇ, ପି.- ବଳରାମ, ବା: ସରସରା
୯	୯	୪୨୫	୦.୧୧୦	୦.୧୧୦	ଶାରଦ ଜଳ-୨	ପୀତାମ୍ବର ସାହୁ, ପି.- ନଟବର, ବା: ସରସରା
୧୦	୧୦	୪୩୦	୦.୨୨୦	୦.୦୭୦	ଶାରଦ ଜଳ-୩	ହରିହର ପ୍ରଧାନ, ପି.- ଜଗନ୍ନାଥ, ବା: ସରସରା
୧୧	୧୧	୪୩୧	୦.୦୬୦	୦.୦୬୦	ଶାରଦ ଜଳ-୨	ବାସୁଦେବ ମେହେର, ପି.- ଶ୍ୟାମସୁନ୍ଦର, ବା: ସରସରା
୧୨	୧୨	୪୩୪	୦.୩୮୦	୦.୧୬୦	ଶାରଦ ଜଳ-୩	ନରସିଂହ ପ୍ରଧାନ, ପି.- ଭଜମନ, ବା: ସରସରା
୧୩	୧୩	୪୪୦	୦.୧୫୦	୦.୦୫୦	ଶାରଦ ଜଳ-୨	ଉପେନ୍ଦ୍ର ସାହୁ, ପି.- କୃଷ୍ଣଚନ୍ଦ୍ର, ବା: ସରସରା
୧୪	୧୪	୪୪୨	୦.୨୦୦	୦.୧୦୦	ଶାରଦ ଜଳ-୩	ଭିକାରୀ ପ୍ରଧାନ, ପି.- ଗୋପୀନାଥ, ବା: ସରସରା
୧	୧	୨	୦.୨୮୦	୦.୧୦୦	ଶାରଦ ଜଳ-୨	ଚିନ୍ତାମଣି ପ୍ରଧାନ, ପି.- ବାରିକ, ବା: ସରସରା
୨	୨	୩	୦.୧୪୦	୦.୦୮୦	ଶାରଦ ଜଳ-୩	ଅର୍ଜୁନ ପ୍ରଧାନ, ପି.- ମହାଦେବ ସାହୁ, ବା: ସରସରା
୩	୩	୪	୦.୧୯୦	୦.୦୯୦	ଶାରଦ ଜଳ-୨	ଗଣେଶ ପ୍ରଧାନ, ପି.- ଦାମୋଦର, ବା: ସରସରା
୪	୪	୪୧୨	୦.୧୨୦	୦.୦୬୦	ଶାରଦ ଜଳ-୩	ସୁଦାମ ସେଠୀ, ପି.- ରାମ ସେଠୀ, ବା: ସରସରା
୫	୫	୪୧୩	୦.୩୪୦	୦.୧୨୦	ଶାରଦ ଜଳ-୨	ଭଗବାନ ପ୍ରଧାନ, ପି.- କାଶୀନାଥ, ବା: ସରସରା
୬	୬	୪୧୫	୦.୦୮୦	୦.୦୮୦	ଶାରଦ ଜଳ-୩	ଦୁର୍ଯ୍ୟୋଧନ ସାହୁ, ପି.- ମାଧବ, ବା: ସରସରା
୭	୭	୪୨୦	୦.୨୬୦	୦.୧୪୦	ଶାରଦ ଜଳ-୨	ସୁରେନ୍ଦ୍ର ପ୍ରଧାନ, ପି.- ଗୋବିନ୍ଦ, ବା: ସରସରା
୮	୮	୪୨୧	୦.୪୬୦	୦.୨୦୦	ଶାରଦ ଜଳ-୩	ଲକ୍ଷ୍ମଣ ଭୋଇ, ପି.- ବଳରାମ, ବା: ସରସରା
୯	୯	୪୨୫	୦.୧୧୦	୦.୧୧୦	ଶାରଦ ଜଳ-୨	ପୀତାମ୍ବର ସାହୁ, ପି.- ନଟବର, ବା: ସରସରା
୧୦	୧୦	୪୩୦	୦.୨୨୦	୦.୦୭୦	ଶାରଦ ଜଳ-୩	ହରିହର ପ୍ରଧାନ, ପି.- ଜଗନ୍ନାଥ, ବା: ସରସରା
୧୧	୧୧	୪୩୧	୦.୦୬୦	୦.୦୬୦	ଶାରଦ ଜଳ-୨	ବାସୁଦେବ ମେହେର, ପି.- ଶ୍ୟାମସୁନ୍ଦର, ବା: ସରସରା
୧୨	୧୨	୪୩୪	୦.୩୮୦	୦.୧୬୦	ଶାରଦ ଜଳ-୩	ନରସିଂହ ପ୍ରଧାନ, ପି.- ଭଜମନ, ବା: ସରସରା
୧୩	୧୩	୪୪୦	୦.୧୫୦	୦.୦୫୦	ଶାରଦ ଜଳ-୨	ଉପେନ୍ଦ୍ର ସାହୁ, ପି.- କୃଷ୍ଣଚନ୍ଦ୍ର, ବା: ସରସରା
୧୪	୧୪	୪୪୨	୦.୨୦୦	୦.୧୦୦	ଶାରଦ ଜଳ-୩	ଭିକାରୀ ପ୍ରଧାନ, ପି.- ଗୋପୀନାଥ, ବା: ସରସରା
୧	୧	୨	୦.୨୮୦	୦.୧୦୦	ଶାରଦ ଜଳ-୨	ଚିନ୍ତାମଣି ପ୍ରଧାନ, ପି.- ବାରିକ, ବା: ସରସରା
୨	୨	୩	୦.୧୪୦	୦.୦୮୦	ଶାରଦ ଜଳ-୩	ଅର୍ଜୁନ ପ୍ରଧାନ, ପି.- ମହାଦେବ ସାହୁ, ବା: ସରସରା
୩	୩	୪	୦.୧୯୦	୦.୦୯୦	ଶାରଦ ଜଳ-୨	ଗଣେଶ ପ୍ରଧାନ, ପି.- ଦାମୋଦର, ବା: ସରସରା
୪	୪	୪୧୨	୦.୧୨୦	୦.୦୬୦	ଶାରଦ ଜଳ-୩	ସୁଦାମ ସେଠୀ, ପି.- ରାମ ସେଠୀ, ବା: ସରସରା
୫	୫	୪୧୩	୦.୩୪୦	୦.୧୨୦	ଶାରଦ ଜଳ-୨	ଭଗବାନ ପ୍ରଧାନ, ପି.- କାଶୀନାଥ, ବା: ସରସରା
୬	୬	୪୧୫	୦.୦୮୦	୦.୦୮୦	ଶାରଦ ଜଳ-୩	ଦୁର୍ଯ୍ୟୋଧନ ସାହୁ, ପି.- ମାଧବ, ବା: ସରସରା
୭	୭	୪୨୦	୦.୨୬୦	୦.୧୪୦	ଶାରଦ ଜଳ-୨	ସୁରେନ୍ଦ୍ର ପ୍ରଧାନ, ପି.- ଗୋବିନ୍ଦ, ବା: ସରସରା
୮	୮	୪୨୧	୦.୪୬୦	୦.୨୦୦	ଶାରଦ ଜଳ-୩	ଲକ୍ଷ୍ମଣ ଭୋଇ, ପି.- ବଳରାମ, ବା: ସରସରା
୯	୯	୪୨୫	୦.୧୧୦	୦.୧୧୦	ଶାରଦ ଜଳ-୨	ପୀତାମ୍ବର ସାହୁ, ପି.- ନଟବର, ବା: ସରସରା
୧୦	୧୦	୪୩୦	୦.୨୨୦	୦.୦୭୦	ଶାରଦ ଜଳ-୩	ହରିହର ପ୍ରଧାନ, ପି.- ଜଗନ୍ନାଥ, ବା: ସରସରା
୧୧	୧୧	୪୩୧	୦.୦୬୦	୦.୦୬୦	ଶାରଦ ଜଳ-୨	ବାସୁଦେବ ମେହେର, ପି.- ଶ୍ୟାମସୁନ୍ଦର, ବା: ସରସରା
୧୨	୧୨	୪୩୪	୦.୩୮୦	୦.୧୬୦	ଶାରଦ ଜଳ-୩	ନରସିଂହ ପ୍ରଧାନ, ପି.- ଭଜମନ, ବା: ସରସରା
୧୩	୧୩	୪୪୦	୦.୧୫୦	୦.୦୫୦	ଶାରଦ ଜଳ-୨	ଉପେନ୍ଦ୍ର ସାହୁ, ପି.- କୃଷ୍ଣଚନ୍ଦ୍ର, ବା: ସରସରା
୧୪	୧୪	୪୪୨	୦.୨୦୦	୦.୧୦୦	ଶାରଦ ଜଳ-୩	ଭିକାରୀ ପ୍ରଧାନ, ପି.- ଗୋପୀନାଥ, ବା: ସରସରା
୧	୧	୨	୦.୨୮୦	୦.୧୦୦	ଶାରଦ ଜଳ-୨	ଚିନ୍ତାମଣି ପ୍ରଧାନ, ପି.- ବାରିକ, ବା: ସରସରା
୨	୨	୩	୦.୧୪୦	୦.୦୮୦	ଶାରଦ ଜଳ-୩	ଅର୍ଜୁନ ପ୍ରଧାନ, ପି.- ମହାଦେବ ସାହୁ, ବା: ସରସରା
୩	୩	୪	୦.୧୯୦	୦.୦୯୦	ଶାରଦ ଜଳ-୨	ଗଣେଶ ପ୍ରଧାନ, ପି.- ଦାମୋଦର, ବା: ସରସରା
୪	୪	୪୧୨	୦.୧୨୦	୦.୦୬୦	ଶାରଦ ଜଳ-୩	ସୁଦାମ ସେଠୀ, ପି.- ରାମ ସେଠୀ, ବା: ସରସରା
୫	୫	୪୧୩	୦.୩୪୦	୦.୧୨୦	ଶାରଦ ଜଳ-୨	ଭଗବାନ ପ୍ରଧାନ, ପି.- କାଶୀନାଥ, ବା: ସରସରା
୬	୬	୪୧୫	୦.୦୮୦	୦.୦୮୦	ଶାରଦ ଜଳ-୩	ଦୁର୍ଯ୍ୟୋଧନ ସାହୁ, ପି.- ମାଧବ, ବା: ସରସରା
୭	୭	୪୨୦	୦.୨୬୦	୦.୧୪୦	ଶାରଦ ଜଳ-୨	ସୁରେନ୍ଦ୍ର ପ୍ରଧାନ, ପି.- ଗୋବିନ୍ଦ, ବା: ସରସରା
୮	୮	୪୨୧	୦.୪୬୦	୦.୨୦୦	ଶାରଦ ଜଳ-୩	ଲକ୍ଷ୍ମଣ ଭୋଇ, ପି.- ବଳରାମ, ବା: ସରସରା
୯	୯	୪୨୫	୦.୧୧୦	୦.୧୧୦	ଶାରଦ ଜଳ-୨	ପୀତାମ୍ବର ସାହୁ, ପି.- ନଟବର, ବା: ସରସରା
୧୦	୧୦	୪୩୦	୦.୨୨୦	୦.୦୭୦	ଶାରଦ ଜଳ-୩	ହରିହର ପ୍ରଧାନ, ପି.- ଜଗନ୍ନାଥ, ବା: ସରସରା
୧୧	୧୧	୪୩୧	୦.୦୬୦	୦.୦୬୦	ଶାରଦ ଜଳ-୨	ବାସୁଦେବ ମେହେର, ପି.- ଶ୍ୟାମସୁନ୍ଦର, ବା: ସରସରା
୧୨	୧୨	୪୩୪	୦.୩୮୦	୦.୧୬୦	ଶାରଦ ଜଳ-୩	ନରସିଂହ ପ୍ରଧାନ, ପି.- ଭଜମନ, ବା: ସରସରା
୧୩	୧୩	୪୪୦	୦.୧୫୦	୦.୦୫୦	ଶାରଦ ଜଳ-୨	ଉପେନ୍ଦ୍ର ସାହୁ, ପି.- କୃଷ୍ଣଚନ୍ଦ୍ର, ବା: ସରସରା
୧୪	୧୪	୪୪୨	୦.୨୦୦	୦.୧୦୦	ଶାରଦ ଜଳ-୩	ଭିକାରୀ ପ୍ରଧାନ, ପି.- ଗୋପୀନାଥ, ବା: ସରସରା
୧	୧	୨	୦.୨୮୦	୦.୧୦୦	ଶାରଦ ଜଳ-୨	ଚିନ୍ତାମଣି ପ୍ରଧାନ, ପି.- ବାରିକ, ବା: ସରସରା
୨	୨	୩	୦.୧୪୦	୦.୦୮୦	ଶାରଦ ଜଳ-୩	ଅର୍ଜୁନ ପ୍ରଧାନ, ପି.- ମହାଦେବ ସାହୁ, ବା: ସରସରା
୩	୩	୪	୦.୧୯୦	୦.୦୯୦	ଶାରଦ ଜଳ-୨	ଗଣେଶ ପ୍ରଧାନ, ପି.- ଦାମୋଦର, ବା: ସରସରା
୪	୪	୪୧୨	୦.୧୨୦	୦.୦୬୦	ଶାରଦ ଜଳ-୩	ସୁଦାମ ସେଠୀ, ପି.- ରାମ ସେଠୀ, ବା: ସରସରା
୫	୫	୪୧୩	୦.୩୪୦	୦.୧୨୦	ଶାରଦ ଜଳ-୨	ଭଗବାନ ପ୍ରଧାନ, ପି.- କାଶୀନାଥ, ବା: ସରସରା
୬	୬	୪୧୫	୦.୦୮୦	୦.୦୮୦	ଶାରଦ ଜଳ-୩	ଦୁର୍ଯ୍ୟୋଧନ ସାହୁ, ପି.- ମାଧବ, ବା: ସରସରା
୭	୭	୪୨୦	୦.୨୬୦	୦.୧୪୦	ଶାରଦ ଜଳ-୨	ସୁରେନ୍ଦ୍ର ପ୍ରଧାନ, ପି.- ଗୋବିନ୍ଦ, ବା: ସରସରା
୮	୮	୪୨୧	୦.୪୬୦	୦.୨୦୦	ଶାରଦ ଜଳ-୩	ଲକ୍ଷ୍ମଣ ଭୋଇ, ପି.- ବଳରାମ, ବା: ସରସରା
୯	୯	୪୨୫	୦.୧୧୦	୦.୧୧୦	ଶାରଦ ଜଳ-୨	ପୀତାମ୍ବର ସାହୁ, ପି.- ନଟବର, ବା: ସରସରା
୧୦	୧୦	୪୩୦	୦.୨୨୦	୦.୦୭୦	ଶାରଦ ଜଳ-୩	ହରିହର ପ୍ରଧାନ, ପି.- ଜଗନ୍ନାଥ, ବା: ସରସରା
୧୧	୧୧	୪୩୧	୦.୦୬୦	୦.୦୬୦	ଶାରଦ ଜଳ-୨	ବାସୁଦେବ ମେହେର, ପି.- ଶ୍ୟାମସୁନ୍ଦର, ବା: ସରସରା
୧୨	୧୨	୪୩୪	୦.୩୮୦	୦.୧୬୦	ଶାରଦ ଜଳ-୩	ନରସିଂହ ପ୍ରଧାନ, ପି.- ଭଜମନ, ବା: ସରସରା
୧୩	୧୩	୪୪୦	୦.୧୫୦	୦.୦୫୦	ଶାରଦ ଜଳ-୨	ଉପେନ୍ଦ୍ର ସାହୁ, ପି.- କୃଷ୍ଣଚନ୍ଦ୍ର, ବା: ସରସରା
୧୪	୧୪	୪୪୨	୦.୨୦୦	୦.୧୦୦	ଶାରଦ ଜଳ-୩	ଭିକାରୀ ପ୍ରଧାନ, ପି.- ଗୋପୀନାଥ, ବା: ସରସରା
୧	୧	୨	୦.୨୮୦	୦.୧୦୦	ଶାରଦ ଜଳ-୨	ଚିନ୍ତାମଣି ପ୍ରଧାନ, ପି.- ବାରିକ, ବା: ସରସରା
୨	୨	୩	୦.୧୪୦	୦.୦୮୦	ଶାରଦ ଜଳ-୩	ଅର୍ଜୁନ ପ୍ରଧାନ, ପି.- ମହାଦେବ ସାହୁ, ବା: ସରସରା
୩	୩	୪	୦.୧୯୦	୦.୦୯୦	ଶାରଦ ଜଳ-୨	ଗଣେଶ ପ୍ରଧାନ, ପି.- ଦାମୋଦର, ବା: ସରସରା
୪	୪	୪୧୨	୦.୧୨୦	୦.୦୬୦	ଶାରଦ ଜଳ-୩	ସୁଦାମ ସେଠୀ, ପି.- ରାମ ସେଠୀ, ବା: ସରସରା
୫	୫	୪୧୩	୦.୩୪୦	୦.୧୨୦	ଶାରଦ ଜଳ-୨	ଭଗବାନ ପ୍ରଧାନ, ପି.- କାଶୀନାଥ, ବା: ସରସରା
୬	୬	୪୧୫	୦.୦୮୦	୦.୦୮୦	ଶାରଦ ଜଳ-୩	ଦୁର୍ଯ୍ୟୋଧନ ସାହୁ, ପି.- ମାଧବ, ବା: ସରସରା
୭	୭	୪୨୦	୦.୨୬୦	୦.୧୪୦	ଶାରଦ ଜଳ-୨	ସୁରେନ୍ଦ୍ର ପ୍ରଧାନ, ପି.- ଗୋବିନ୍ଦ, ବା: ସରସରା
୮	୮	୪୨୧	୦.୪୬୦	୦.୨୦୦	ଶାରଦ ଜଳ-୩	ଲକ୍ଷ୍ମଣ ଭୋଇ, ପି.- ବଳରାମ, ବା: ସରସରା
୯	୯	୪୨୫	୦.୧୧୦	୦.୧୧୦	ଶାରଦ ଜଳ-୨	ପୀତାମ୍ବର ସାହୁ, ପି.- ନଟବର, ବା: ସରସରା
୧୦	୧୦	୪୩୦	୦.୨୨୦	୦.୦୭୦	ଶାରଦ ଜଳ-୩	ହରିହର ପ୍ରଧାନ, ପି.- ଜଗନ୍ନାଥ, ବା: ସରସରା
୧୧	୧୧	୪୩୧	୦.୦୬୦	୦.୦୬୦	ଶାରଦ ଜଳ-୨	ବାସୁଦେବ ମେହେର, ପି.- ଶ୍ୟାମସୁନ୍ଦର, ବା: ସରସରା
୧୨	୧୨	୪୩୪	୦.୩୮୦	୦.୧୬୦	ଶାରଦ ଜଳ-୩	ନରସିଂହ ପ୍ରଧାନ, ପି.- ଭଜମନ, ବା: ସରସରା
୧୩	୧୩	୪୪୦	୦.୧୫୦	୦.୦୫୦	ଶାରଦ ଜଳ-୨	ଉପେନ୍ଦ୍ର ସାହୁ, ପି.- କୃଷ୍ଣଚନ୍ଦ୍ର, ବା: ସରସରା
୧୪	୧୪	୪୪୨	୦.୨୦୦	୦.୧୦୦	ଶାରଦ ଜଳ-୩	ଭିକାରୀ ପ୍ରଧାନ, ପି.- ଗୋପୀନାଥ, ବା: ସରସରା
୧	୧	୨	୦.୨୮୦	୦.୧୦୦	ଶାରଦ ଜଳ-୨	ଚିନ୍ତାମଣି ପ୍ରଧାନ, ପି.- ବାରିକ, ବା: ସରସରା
୨	୨	୩	୦.୧୪୦	୦.୦୮୦	ଶାରଦ ଜଳ-୩	ଅର୍ଜୁନ ପ୍ରଧାନ, ପି.- ମହାଦେବ ସାହୁ, ବା: ସରସରା
୩	୩	୪	୦.୧୯୦	୦.୦୯୦	ଶାରଦ ଜଳ-୨	ଗଣେଶ ପ୍ରଧାନ, ପି.- ଦାମୋଦର, ବା: ସରସରା
୪	୪	୪୧୨	୦.୧୨୦	୦.୦୬୦	ଶାରଦ ଜଳ-୩	ସୁଦାମ ସେଠୀ, ପି.- ରାମ ସେଠୀ, ବା: ସରସରା
୫	୫	୪୧୩	୦.୩୪୦	୦.୧୨୦	ଶାରଦ ଜଳ-୨	ଭଗବାନ ପ୍ରଧାନ, ପି.- କାଶୀନାଥ, ବା: ସରସରା
୬	୬	୪୧୫	୦.୦୮୦	୦.୦୮୦	ଶାରଦ ଜଳ-୩	ଦୁର୍ଯ୍ୟୋଧନ ସାହୁ, ପି.- ମାଧବ, ବା: ସରସରା
୭	୭	୪୨୦	୦.୨୬୦	୦.୧୪୦	ଶାରଦ ଜଳ-୨	ସୁରେନ୍ଦ୍ର ପ୍ରଧାନ, ପି.- ଗୋବିନ୍ଦ, ବା: ସରସରା
୮	୮	୪୨୧	୦.୪୬୦	୦.୨୦୦	ଶାରଦ ଜଳ-୩	ଲକ୍ଷ୍ମଣ ଭୋଇ, ପି.- ବଳରାମ, ବା: ସରସରା
୯	୯	୪୨୫	୦.୧୧୦	୦.୧୧୦	ଶାରଦ ଜଳ-୨	ପୀତାମ୍ବର ସାହୁ, ପି.- ନଟବର, ବା: ସରସରା
୧୦	୧୦	୪୩୦	୦.୨୨୦	୦.୦୭୦	ଶାରଦ ଜଳ-୩	ହରିହର ପ୍ରଧାନ, ପି.- ଜଗନ୍ନାଥ, ବା: ସରସରା
୧୧	୧୧	୪୩୧	୦.୦୬୦	୦.୦୬୦	ଶାରଦ ଜଳ-୨	ବାସୁଦେବ ମେହେର, ପି.- ଶ୍ୟାମସୁନ୍ଦର, ବା: ସରସରା
୧୨	୧୨	୪୩୪	୦.୩୮୦	୦.୧୬୦	ଶାରଦ ଜଳ-୩	ନରସିଂହ ପ୍ରଧାନ, ପି.- ଭଜମନ, ବା: ସରସରା
୧୩	୧୩	୪୪୦	୦.୧୫୦	୦.୦୫୦	ଶାରଦ ଜଳ-୨	ଉପେନ୍ଦ୍ର ସାହୁ, ପି.- କୃଷ୍ଣଚନ୍ଦ୍ର, ବା: ସରସରା
୧୪	୧୪	୪୪୨	୦.୨୦୦	୦.୧୦୦	ଶାରଦ ଜଳ-୩	ଭିକାରୀ ପ୍ରଧାନ, ପି.- ଗୋପୀନାଥ, ବା: ସରସରା
୧	୧	୨	୦.୨୮୦	୦.୧୦୦	ଶାରଦ ଜଳ-୨	ଚିନ୍ତାମଣି ପ୍ରଧାନ, ପି.- ବାରିକ, ବା: ସରସରା
୨	୨	୩	୦.୧୪୦	୦.୦୮୦	ଶାରଦ ଜଳ-୩	ଅର୍ଜୁନ ପ୍ରଧାନ, ପି.- ମହାଦେବ ସାହୁ, ବା: ସରସରା
୩	୩	୪	୦.୧୯୦	୦.୦୯୦	ଶାରଦ ଜଳ-୨	ଗଣେଶ ପ୍ରଧାନ, ପି.- ଦାମୋଦର, ବା: ସରସରା
୪	୪	୪୧୨	୦.୧୨୦	୦.୦୬୦	ଶାରଦ ଜଳ-୩	ସୁଦାମ ସେଠୀ, ପି.- ରାମ ସେଠୀ, ବା: ସରସରା
୫	୫	୪୧୩	୦.୩୪୦	୦.୧୨୦	ଶାରଦ ଜଳ-୨	ଭଗବାନ ପ୍ରଧାନ, ପି.- କାଶୀନାଥ, ବା: ସରସରା
୬	୬	୪୧୫	୦.୦୮୦	୦.୦୮୦	ଶାରଦ ଜଳ-୩	ଦୁର୍ଯ୍ୟୋଧନ ସାହୁ, ପି.- ମାଧବ, ବା: ସରସରା
୭	୭	୪୨୦	୦.୨୬୦	୦.୧୪୦	ଶାରଦ ଜଳ-୨	ସୁରେନ୍ଦ୍ର ପ୍ରଧାନ, ପି.- ଗୋବିନ୍ଦ, ବା: ସରସରା
୮	୮	୪୨୧	୦.୪୬୦	୦.୨୦୦	ଶାରଦ ଜଳ-୩	ଲକ୍ଷ୍ମଣ ଭୋଇ, ପି.- ବଳରାମ, ବା: ସରସରା
୯	୯	୪୨୫	୦.୧୧୦	୦.୧୧୦	ଶାରଦ ଜଳ-୨	ପୀତାମ୍ବର ସାହୁ, ପି.- ନଟବର, ବା: ସରସରା
୧୦	୧୦	୪୩୦	୦.୨୨୦	୦.୦୭୦	ଶାରଦ ଜଳ-୩	ହରିହର ପ୍ରଧାନ, ପି.- ଜଗନ୍ନାଥ, ବା: ସରସରା
୧୧	୧୧	୪୩୧	୦.୦୬୦	୦.୦୬୦	ଶାରଦ ଜଳ-୨	ବାସୁଦେବ ମେହେର, ପି.- ଶ୍ୟାମସୁନ୍ଦର, ବା: ସରସରା
୧୨	୧୨	୪୩୪	୦.୩୮୦	୦.୧୬୦	ଶାରଦ ଜଳ-୩	ନରସିଂହ ପ୍ରଧାନ, ପି.- ଭଜମନ, ବା: ସରସରା
୧୩	୧୩	୪୪୦	୦.୧୫୦	୦.୦୫୦	ଶାରଦ ଜଳ-୨	ଉପେନ୍ଦ୍ର ସାହୁ, ପି.- କୃଷ୍ଣଚନ୍ଦ୍ର, ବା: ସରସରା
୧୪	୧୪	୪୪୨	୦.୨୦୦	୦.୧୦୦	ଶାରଦ ଜଳ-୩	ଭିକାରୀ ପ୍ରଧାନ, ପି.- ଗୋପୀନାଥ, ବା: ସରସରା
୧	୧	୨	୦.୨୮୦	୦.୧୦୦	ଶାରଦ ଜଳ-୨	ଚିନ୍ତାମଣି ପ୍ରଧାନ, ପି.- ବାରିକ, ବା: ସରସରା
୨	୨	୩	୦.୧୪୦	୦.୦୮୦	ଶାରଦ ଜଳ-୩	ଅର୍ଜୁନ ପ୍ରଧାନ, ପି.- ମହାଦେବ ସାହୁ, ବା: ସରସରା
୩	୩	୪	୦.୧୯୦	୦.୦୯୦	ଶାରଦ ଜଳ-୨	ଗଣେଶ ପ୍ରଧାନ, ପି.- ଦାମୋଦର, ବା: ସରସରା
୪	୪	୪୧୨	୦.୧୨୦	୦.୦୬୦	ଶାରଦ ଜଳ-୩	ସୁଦାମ ସେଠୀ, ପି.- ରାମ ସେଠୀ, ବା: ସରସରା
୫	୫	୪୧୩	୦.୩୪୦	୦.୧୨୦	ଶାରଦ ଜଳ-୨	ଭଗବାନ ପ୍ରଧାନ, ପି.- କାଶୀନାଥ, ବା: ସରସରା
୬	୬	୪୧୫	୦.୦୮୦	୦.୦୮୦	ଶାରଦ ଜଳ-୩	ଦୁର୍ଯ୍ୟୋଧନ ସାହୁ, ପି.- ମାଧବ, ବା: ସରସରା
୭	୭	୪୨୦	୦.୨୬୦	୦.୧୪୦	ଶାରଦ ଜଳ-୨	ସୁରେନ୍ଦ୍ର ପ୍ରଧାନ, ପି.- ଗୋବିନ୍ଦ, ବା: ସରସରା
୮	୮	୪୨୧	୦.୪୬୦	୦.୨୦୦	ଶାରଦ ଜଳ-୩	ଲକ୍ଷ୍ମଣ ଭୋଇ, ପି.- ବଳରାମ, ବା: ସରସରା
୯	୯	୪୨୫	୦.୧୧୦	୦.୧୧୦	ଶାରଦ ଜଳ-୨	ପୀତାମ୍ବର ସାହୁ, ପି.- ନଟବର, ବା: ସରସରା
୧୦	୧୦	୪୩୦	୦.୨୨୦	୦.୦୭୦	ଶାରଦ ଜଳ-୩	ହରିହର ପ୍ରଧାନ, ପି.- ଜଗନ୍ନାଥ, ବା: ସରସରା
୧୧	୧୧	୪୩୧	୦.୦୬୦	୦.୦୬୦	ଶାରଦ ଜଳ-୨	ବାସୁଦେବ ମେହେର, ପି.- ଶ୍ୟାମସୁନ୍ଦର, ବା: ସରସରା
୧୨	୧୨	୪୩୪	୦.୩୮୦	୦.୧୬୦	ଶାରଦ ଜଳ-୩	ନରସିଂହ ପ୍ରଧାନ, ପି.- ଭଜମନ, ବା: ସରସରା
୧୩	୧୩	୪୪୦	୦.୧୫୦	୦.୦୫୦	ଶାରଦ ଜଳ-୨	ଉପେନ୍ଦ୍ର ସାହୁ, ପି.- କୃଷ୍ଣଚନ୍ଦ୍ର, ବା: ସରସରା
୧୪	୧୪	୪୪୨	୦.୨୦୦	୦.୧୦୦	ଶାରଦ ଜଳ-୩	ଭିକାରୀ ପ୍ରଧାନ, ପି.- ଗୋପୀନାଥ, ବା: ସରସରା
୧	୧	୨	୦.୨୮୦	୦.୧୦୦	ଶାରଦ ଜଳ-୨	ଚିନ୍ତାମଣି ପ୍ରଧାନ, ପି.- ବାରିକ, ବା: ସରସରା
୨	୨	୩	୦.୧୪୦	୦.୦୮୦	ଶାରଦ ଜଳ-୩	ଅର୍ଜୁନ ପ୍ରଧାନ, ପି.- ମହାଦେବ ସାହୁ, ବା: ସରସରା
୩	୩	୪	୦.୧୯୦	୦.୦୯୦	ଶାରଦ ଜଳ-୨	ଗଣେଶ ପ୍ରଧାନ, ପି.- ଦାମୋଦର, ବା: ସରସରା
୪	୪	୪୧୨	୦.୧୨୦	୦.୦୬୦	ଶାରଦ ଜଳ-୩	ସୁଦାମ ସେଠୀ, ପି.- ରାମ ସେଠୀ, ବା: ସରସରା
୫	୫	୪୧୩	୦.୩୪୦	୦.୧୨୦	ଶାରଦ ଜଳ-୨	ଭଗବାନ ପ୍ରଧାନ, ପି.- କାଶୀନାଥ, ବା: ସରସରା
ମୋଟ			୧୬୨.୭୦	୦.୨୫୦		
ସ୍ୱା./- ଭୂ-ଅର୍ଜନ ଅଧିକାରୀ
ଖୋର୍ଦ୍ଧାରୋଡ଼-ବଲାଙ୍ଗୀର ନୂତନ ରେଳପଥ ପ୍ରକଳ୍ପ, ବୌଦ୍ଧ
OIPR-24001/14/0095/2021
